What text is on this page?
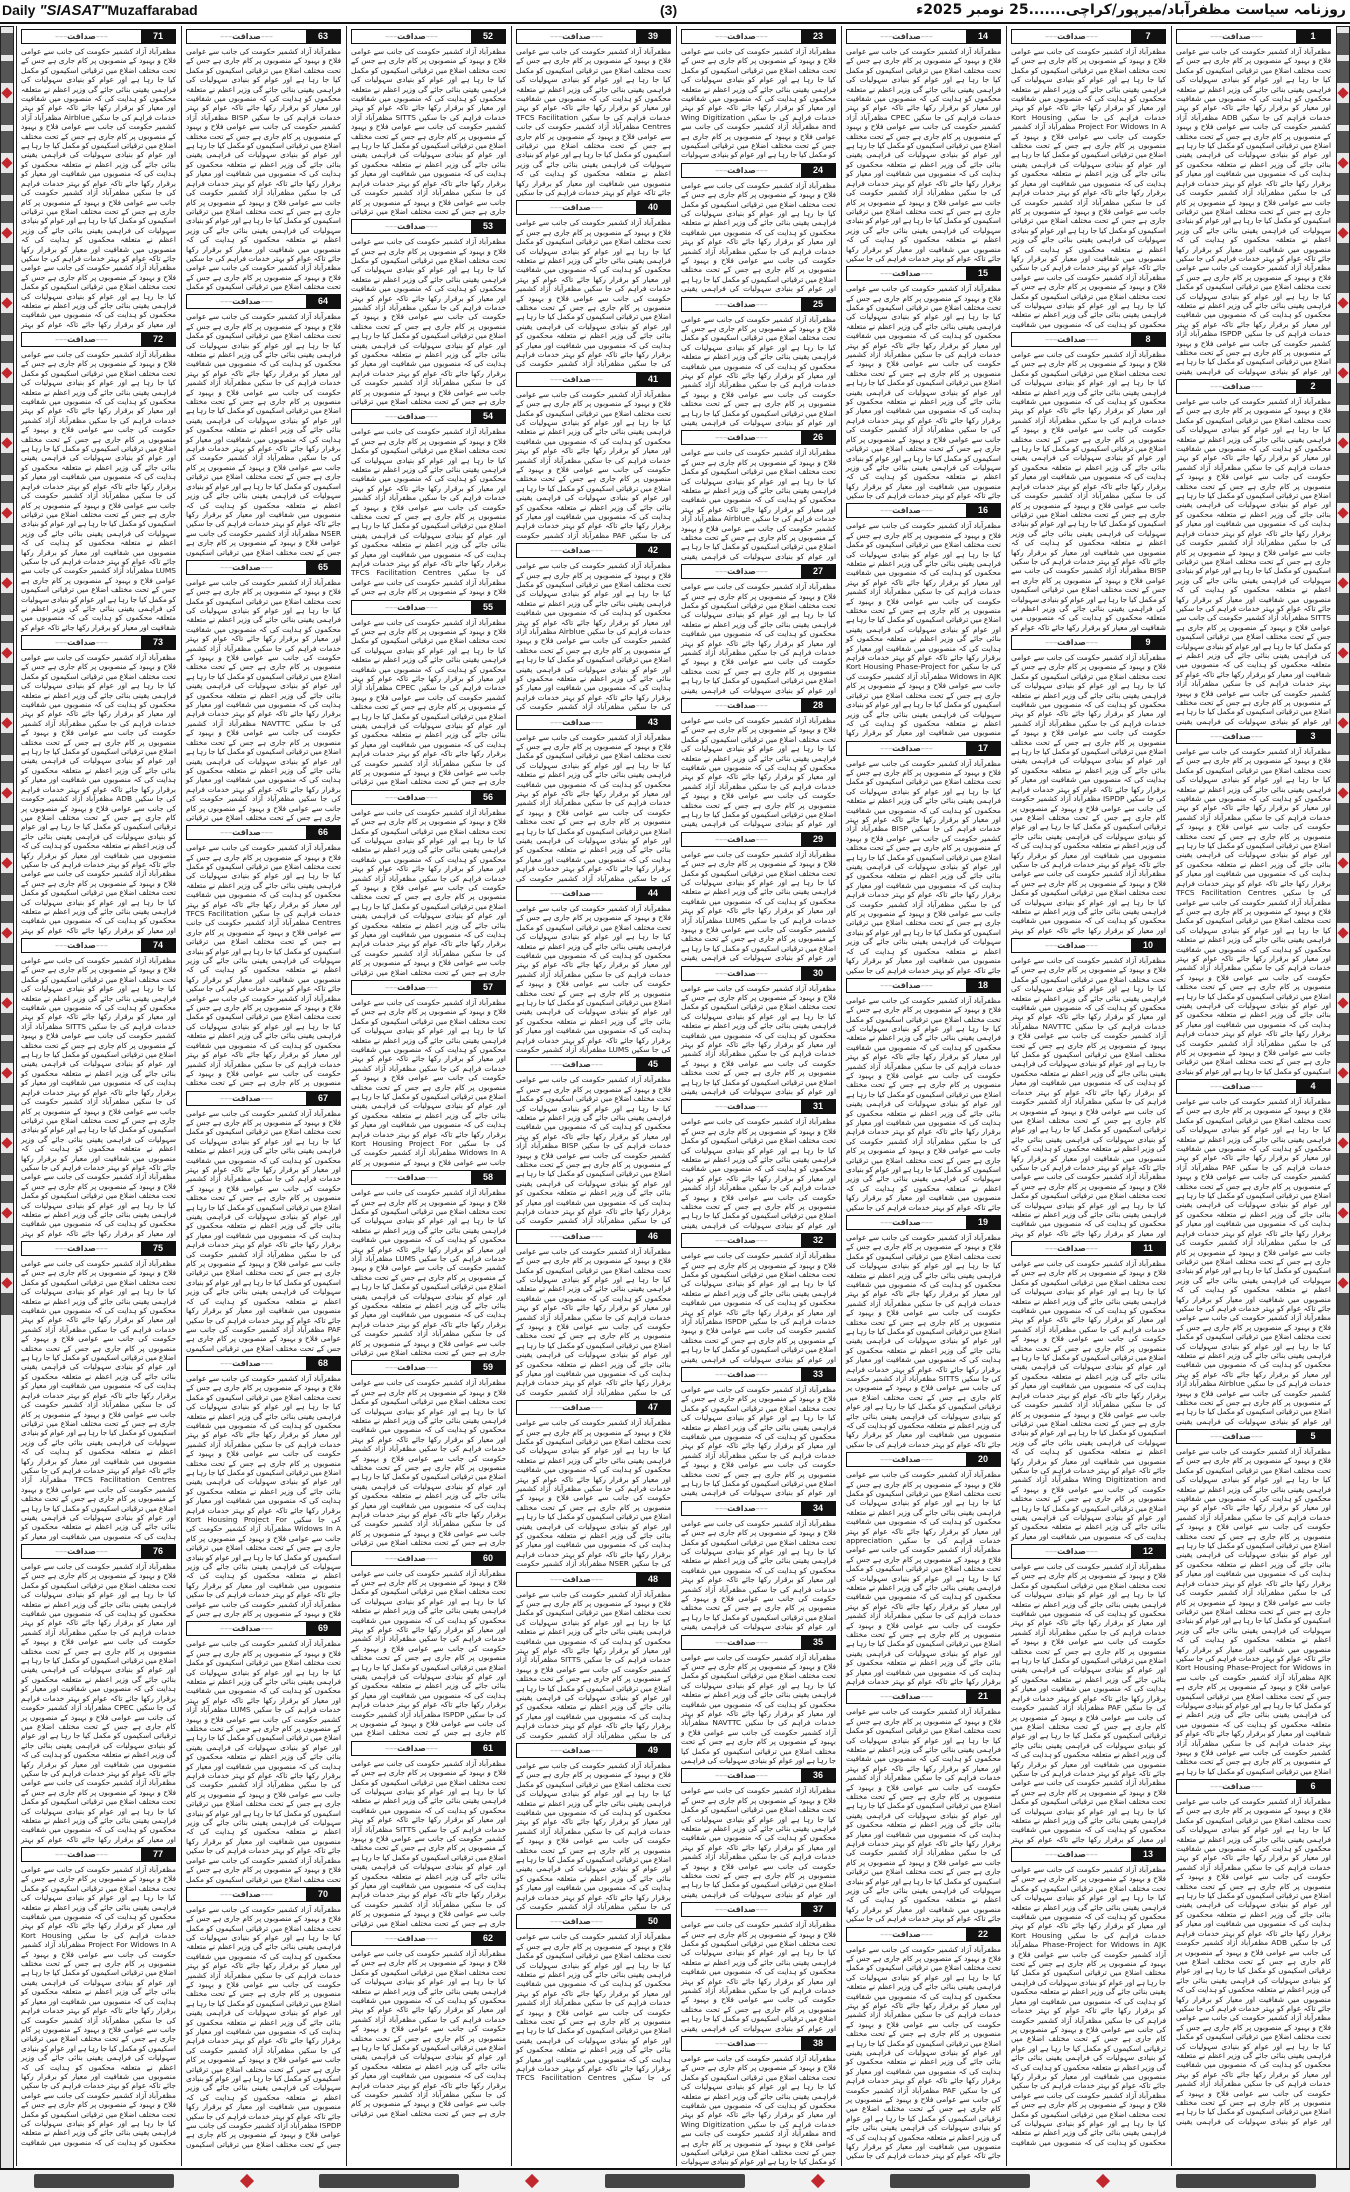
Daily "SIASAT"Muzaffarabad	(3)	روزنامہ سیاست مظفرآباد/میرپور/کراچی.......25 نومبر 2025ء
––– صداقت –––	71
مظفرآباد آزاد کشمیر حکومت کی جانب سے عوامی فلاح و بہبود کے منصوبوں پر کام جاری ہے جس کے تحت مختلف اضلاع میں ترقیاتی اسکیموں کو مکمل کیا جا رہا ہے اور عوام کو بنیادی سہولیات کی فراہمی یقینی بنائی جائے گی وزیر اعظم نے متعلقہ محکموں کو ہدایت کی کہ منصوبوں میں شفافیت اور معیار کو برقرار رکھا جائے تاکہ عوام کو بہتر خدمات فراہم کی جا سکیں Airblue مظفرآباد آزاد کشمیر حکومت کی جانب سے عوامی فلاح و بہبود کے منصوبوں پر کام جاری ہے جس کے تحت مختلف اضلاع میں ترقیاتی اسکیموں کو مکمل کیا جا رہا ہے اور عوام کو بنیادی سہولیات کی فراہمی یقینی بنائی جائے گی وزیر اعظم نے متعلقہ محکموں کو ہدایت کی کہ منصوبوں میں شفافیت اور معیار کو برقرار رکھا جائے تاکہ عوام کو بہتر خدمات فراہم کی جا سکیں مظفرآباد آزاد کشمیر حکومت کی جانب سے عوامی فلاح و بہبود کے منصوبوں پر کام جاری ہے جس کے تحت مختلف اضلاع میں ترقیاتی اسکیموں کو مکمل کیا جا رہا ہے اور عوام کو بنیادی سہولیات کی فراہمی یقینی بنائی جائے گی وزیر اعظم نے متعلقہ محکموں کو ہدایت کی کہ منصوبوں میں شفافیت اور معیار کو برقرار رکھا جائے تاکہ عوام کو بہتر خدمات فراہم کی جا سکیں مظفرآباد آزاد کشمیر حکومت کی جانب سے عوامی فلاح و بہبود کے منصوبوں پر کام جاری ہے جس کے تحت مختلف اضلاع میں ترقیاتی اسکیموں کو مکمل کیا جا رہا ہے اور عوام کو بنیادی سہولیات کی فراہمی یقینی بنائی جائے گی وزیر اعظم نے متعلقہ محکموں کو ہدایت کی کہ منصوبوں میں شفافیت اور معیار کو برقرار رکھا جائے تاکہ عوام کو بہتر
––– صداقت –––	72
مظفرآباد آزاد کشمیر حکومت کی جانب سے عوامی فلاح و بہبود کے منصوبوں پر کام جاری ہے جس کے تحت مختلف اضلاع میں ترقیاتی اسکیموں کو مکمل کیا جا رہا ہے اور عوام کو بنیادی سہولیات کی فراہمی یقینی بنائی جائے گی وزیر اعظم نے متعلقہ محکموں کو ہدایت کی کہ منصوبوں میں شفافیت اور معیار کو برقرار رکھا جائے تاکہ عوام کو بہتر خدمات فراہم کی جا سکیں مظفرآباد آزاد کشمیر حکومت کی جانب سے عوامی فلاح و بہبود کے منصوبوں پر کام جاری ہے جس کے تحت مختلف اضلاع میں ترقیاتی اسکیموں کو مکمل کیا جا رہا ہے اور عوام کو بنیادی سہولیات کی فراہمی یقینی بنائی جائے گی وزیر اعظم نے متعلقہ محکموں کو ہدایت کی کہ منصوبوں میں شفافیت اور معیار کو برقرار رکھا جائے تاکہ عوام کو بہتر خدمات فراہم کی جا سکیں مظفرآباد آزاد کشمیر حکومت کی جانب سے عوامی فلاح و بہبود کے منصوبوں پر کام جاری ہے جس کے تحت مختلف اضلاع میں ترقیاتی اسکیموں کو مکمل کیا جا رہا ہے اور عوام کو بنیادی سہولیات کی فراہمی یقینی بنائی جائے گی وزیر اعظم نے متعلقہ محکموں کو ہدایت کی کہ منصوبوں میں شفافیت اور معیار کو برقرار رکھا جائے تاکہ عوام کو بہتر خدمات فراہم کی جا سکیں LUMS مظفرآباد آزاد کشمیر حکومت کی جانب سے عوامی فلاح و بہبود کے منصوبوں پر کام جاری ہے جس کے تحت مختلف اضلاع میں ترقیاتی اسکیموں کو مکمل کیا جا رہا ہے اور عوام کو بنیادی سہولیات کی فراہمی یقینی بنائی جائے گی وزیر اعظم نے متعلقہ محکموں کو ہدایت کی کہ منصوبوں میں شفافیت اور معیار کو برقرار رکھا جائے تاکہ عوام کو
––– صداقت –––	73
مظفرآباد آزاد کشمیر حکومت کی جانب سے عوامی فلاح و بہبود کے منصوبوں پر کام جاری ہے جس کے تحت مختلف اضلاع میں ترقیاتی اسکیموں کو مکمل کیا جا رہا ہے اور عوام کو بنیادی سہولیات کی فراہمی یقینی بنائی جائے گی وزیر اعظم نے متعلقہ محکموں کو ہدایت کی کہ منصوبوں میں شفافیت اور معیار کو برقرار رکھا جائے تاکہ عوام کو بہتر خدمات فراہم کی جا سکیں مظفرآباد آزاد کشمیر حکومت کی جانب سے عوامی فلاح و بہبود کے منصوبوں پر کام جاری ہے جس کے تحت مختلف اضلاع میں ترقیاتی اسکیموں کو مکمل کیا جا رہا ہے اور عوام کو بنیادی سہولیات کی فراہمی یقینی بنائی جائے گی وزیر اعظم نے متعلقہ محکموں کو ہدایت کی کہ منصوبوں میں شفافیت اور معیار کو برقرار رکھا جائے تاکہ عوام کو بہتر خدمات فراہم کی جا سکیں ADB مظفرآباد آزاد کشمیر حکومت کی جانب سے عوامی فلاح و بہبود کے منصوبوں پر کام جاری ہے جس کے تحت مختلف اضلاع میں ترقیاتی اسکیموں کو مکمل کیا جا رہا ہے اور عوام کو بنیادی سہولیات کی فراہمی یقینی بنائی جائے گی وزیر اعظم نے متعلقہ محکموں کو ہدایت کی کہ منصوبوں میں شفافیت اور معیار کو برقرار رکھا جائے تاکہ عوام کو بہتر خدمات فراہم کی جا سکیں مظفرآباد آزاد کشمیر حکومت کی جانب سے عوامی فلاح و بہبود کے منصوبوں پر کام جاری ہے جس کے تحت مختلف اضلاع میں ترقیاتی اسکیموں کو مکمل کیا جا رہا ہے اور عوام کو بنیادی سہولیات کی فراہمی یقینی بنائی جائے گی وزیر اعظم نے متعلقہ محکموں کو ہدایت کی کہ منصوبوں میں شفافیت اور معیار کو برقرار رکھا جائے تاکہ عوام کو بہتر
––– صداقت –––	74
مظفرآباد آزاد کشمیر حکومت کی جانب سے عوامی فلاح و بہبود کے منصوبوں پر کام جاری ہے جس کے تحت مختلف اضلاع میں ترقیاتی اسکیموں کو مکمل کیا جا رہا ہے اور عوام کو بنیادی سہولیات کی فراہمی یقینی بنائی جائے گی وزیر اعظم نے متعلقہ محکموں کو ہدایت کی کہ منصوبوں میں شفافیت اور معیار کو برقرار رکھا جائے تاکہ عوام کو بہتر خدمات فراہم کی جا سکیں SITTS مظفرآباد آزاد کشمیر حکومت کی جانب سے عوامی فلاح و بہبود کے منصوبوں پر کام جاری ہے جس کے تحت مختلف اضلاع میں ترقیاتی اسکیموں کو مکمل کیا جا رہا ہے اور عوام کو بنیادی سہولیات کی فراہمی یقینی بنائی جائے گی وزیر اعظم نے متعلقہ محکموں کو ہدایت کی کہ منصوبوں میں شفافیت اور معیار کو برقرار رکھا جائے تاکہ عوام کو بہتر خدمات فراہم کی جا سکیں مظفرآباد آزاد کشمیر حکومت کی جانب سے عوامی فلاح و بہبود کے منصوبوں پر کام جاری ہے جس کے تحت مختلف اضلاع میں ترقیاتی اسکیموں کو مکمل کیا جا رہا ہے اور عوام کو بنیادی سہولیات کی فراہمی یقینی بنائی جائے گی وزیر اعظم نے متعلقہ محکموں کو ہدایت کی کہ منصوبوں میں شفافیت اور معیار کو برقرار رکھا جائے تاکہ عوام کو بہتر خدمات فراہم کی جا سکیں مظفرآباد آزاد کشمیر حکومت کی جانب سے عوامی فلاح و بہبود کے منصوبوں پر کام جاری ہے جس کے تحت مختلف اضلاع میں ترقیاتی اسکیموں کو مکمل کیا جا رہا ہے اور عوام کو بنیادی سہولیات کی فراہمی یقینی بنائی جائے گی وزیر اعظم نے متعلقہ محکموں کو ہدایت کی کہ منصوبوں میں شفافیت اور معیار کو برقرار رکھا جائے تاکہ عوام کو بہتر
––– صداقت –––	75
مظفرآباد آزاد کشمیر حکومت کی جانب سے عوامی فلاح و بہبود کے منصوبوں پر کام جاری ہے جس کے تحت مختلف اضلاع میں ترقیاتی اسکیموں کو مکمل کیا جا رہا ہے اور عوام کو بنیادی سہولیات کی فراہمی یقینی بنائی جائے گی وزیر اعظم نے متعلقہ محکموں کو ہدایت کی کہ منصوبوں میں شفافیت اور معیار کو برقرار رکھا جائے تاکہ عوام کو بہتر خدمات فراہم کی جا سکیں مظفرآباد آزاد کشمیر حکومت کی جانب سے عوامی فلاح و بہبود کے منصوبوں پر کام جاری ہے جس کے تحت مختلف اضلاع میں ترقیاتی اسکیموں کو مکمل کیا جا رہا ہے اور عوام کو بنیادی سہولیات کی فراہمی یقینی بنائی جائے گی وزیر اعظم نے متعلقہ محکموں کو ہدایت کی کہ منصوبوں میں شفافیت اور معیار کو برقرار رکھا جائے تاکہ عوام کو بہتر خدمات فراہم کی جا سکیں مظفرآباد آزاد کشمیر حکومت کی جانب سے عوامی فلاح و بہبود کے منصوبوں پر کام جاری ہے جس کے تحت مختلف اضلاع میں ترقیاتی اسکیموں کو مکمل کیا جا رہا ہے اور عوام کو بنیادی سہولیات کی فراہمی یقینی بنائی جائے گی وزیر اعظم نے متعلقہ محکموں کو ہدایت کی کہ منصوبوں میں شفافیت اور معیار کو برقرار رکھا جائے تاکہ عوام کو بہتر خدمات فراہم کی جا سکیں TFCS Facilitation Centres مظفرآباد آزاد کشمیر حکومت کی جانب سے عوامی فلاح و بہبود کے منصوبوں پر کام جاری ہے جس کے تحت مختلف اضلاع میں ترقیاتی اسکیموں کو مکمل کیا جا رہا ہے اور عوام کو بنیادی سہولیات کی فراہمی یقینی بنائی جائے گی وزیر اعظم نے متعلقہ محکموں کو ہدایت کی کہ منصوبوں میں شفافیت اور معیار کو
––– صداقت –––	76
مظفرآباد آزاد کشمیر حکومت کی جانب سے عوامی فلاح و بہبود کے منصوبوں پر کام جاری ہے جس کے تحت مختلف اضلاع میں ترقیاتی اسکیموں کو مکمل کیا جا رہا ہے اور عوام کو بنیادی سہولیات کی فراہمی یقینی بنائی جائے گی وزیر اعظم نے متعلقہ محکموں کو ہدایت کی کہ منصوبوں میں شفافیت اور معیار کو برقرار رکھا جائے تاکہ عوام کو بہتر خدمات فراہم کی جا سکیں مظفرآباد آزاد کشمیر حکومت کی جانب سے عوامی فلاح و بہبود کے منصوبوں پر کام جاری ہے جس کے تحت مختلف اضلاع میں ترقیاتی اسکیموں کو مکمل کیا جا رہا ہے اور عوام کو بنیادی سہولیات کی فراہمی یقینی بنائی جائے گی وزیر اعظم نے متعلقہ محکموں کو ہدایت کی کہ منصوبوں میں شفافیت اور معیار کو برقرار رکھا جائے تاکہ عوام کو بہتر خدمات فراہم کی جا سکیں CPEC مظفرآباد آزاد کشمیر حکومت کی جانب سے عوامی فلاح و بہبود کے منصوبوں پر کام جاری ہے جس کے تحت مختلف اضلاع میں ترقیاتی اسکیموں کو مکمل کیا جا رہا ہے اور عوام کو بنیادی سہولیات کی فراہمی یقینی بنائی جائے گی وزیر اعظم نے متعلقہ محکموں کو ہدایت کی کہ منصوبوں میں شفافیت اور معیار کو برقرار رکھا جائے تاکہ عوام کو بہتر خدمات فراہم کی جا سکیں مظفرآباد آزاد کشمیر حکومت کی جانب سے عوامی فلاح و بہبود کے منصوبوں پر کام جاری ہے جس کے تحت مختلف اضلاع میں ترقیاتی اسکیموں کو مکمل کیا جا رہا ہے اور عوام کو بنیادی سہولیات کی فراہمی یقینی بنائی جائے گی وزیر اعظم نے متعلقہ محکموں کو ہدایت کی کہ منصوبوں میں شفافیت اور معیار کو برقرار رکھا جائے تاکہ عوام کو بہتر
––– صداقت –––	77
مظفرآباد آزاد کشمیر حکومت کی جانب سے عوامی فلاح و بہبود کے منصوبوں پر کام جاری ہے جس کے تحت مختلف اضلاع میں ترقیاتی اسکیموں کو مکمل کیا جا رہا ہے اور عوام کو بنیادی سہولیات کی فراہمی یقینی بنائی جائے گی وزیر اعظم نے متعلقہ محکموں کو ہدایت کی کہ منصوبوں میں شفافیت اور معیار کو برقرار رکھا جائے تاکہ عوام کو بہتر خدمات فراہم کی جا سکیں Kort Housing Project For Widows In A مظفرآباد آزاد کشمیر حکومت کی جانب سے عوامی فلاح و بہبود کے منصوبوں پر کام جاری ہے جس کے تحت مختلف اضلاع میں ترقیاتی اسکیموں کو مکمل کیا جا رہا ہے اور عوام کو بنیادی سہولیات کی فراہمی یقینی بنائی جائے گی وزیر اعظم نے متعلقہ محکموں کو ہدایت کی کہ منصوبوں میں شفافیت اور معیار کو برقرار رکھا جائے تاکہ عوام کو بہتر خدمات فراہم کی جا سکیں مظفرآباد آزاد کشمیر حکومت کی جانب سے عوامی فلاح و بہبود کے منصوبوں پر کام جاری ہے جس کے تحت مختلف اضلاع میں ترقیاتی اسکیموں کو مکمل کیا جا رہا ہے اور عوام کو بنیادی سہولیات کی فراہمی یقینی بنائی جائے گی وزیر اعظم نے متعلقہ محکموں کو ہدایت کی کہ منصوبوں میں شفافیت اور معیار کو برقرار رکھا جائے تاکہ عوام کو بہتر خدمات فراہم کی جا سکیں مظفرآباد آزاد کشمیر حکومت کی جانب سے عوامی فلاح و بہبود کے منصوبوں پر کام جاری ہے جس کے تحت مختلف اضلاع میں ترقیاتی اسکیموں کو مکمل کیا جا رہا ہے اور عوام کو بنیادی سہولیات کی فراہمی یقینی بنائی جائے گی وزیر اعظم نے متعلقہ محکموں کو ہدایت کی کہ منصوبوں میں شفافیت
––– صداقت –––	63
مظفرآباد آزاد کشمیر حکومت کی جانب سے عوامی فلاح و بہبود کے منصوبوں پر کام جاری ہے جس کے تحت مختلف اضلاع میں ترقیاتی اسکیموں کو مکمل کیا جا رہا ہے اور عوام کو بنیادی سہولیات کی فراہمی یقینی بنائی جائے گی وزیر اعظم نے متعلقہ محکموں کو ہدایت کی کہ منصوبوں میں شفافیت اور معیار کو برقرار رکھا جائے تاکہ عوام کو بہتر خدمات فراہم کی جا سکیں BISP مظفرآباد آزاد کشمیر حکومت کی جانب سے عوامی فلاح و بہبود کے منصوبوں پر کام جاری ہے جس کے تحت مختلف اضلاع میں ترقیاتی اسکیموں کو مکمل کیا جا رہا ہے اور عوام کو بنیادی سہولیات کی فراہمی یقینی بنائی جائے گی وزیر اعظم نے متعلقہ محکموں کو ہدایت کی کہ منصوبوں میں شفافیت اور معیار کو برقرار رکھا جائے تاکہ عوام کو بہتر خدمات فراہم کی جا سکیں مظفرآباد آزاد کشمیر حکومت کی جانب سے عوامی فلاح و بہبود کے منصوبوں پر کام جاری ہے جس کے تحت مختلف اضلاع میں ترقیاتی اسکیموں کو مکمل کیا جا رہا ہے اور عوام کو بنیادی سہولیات کی فراہمی یقینی بنائی جائے گی وزیر اعظم نے متعلقہ محکموں کو ہدایت کی کہ منصوبوں میں شفافیت اور معیار کو برقرار رکھا جائے تاکہ عوام کو بہتر خدمات فراہم کی جا سکیں مظفرآباد آزاد کشمیر حکومت کی جانب سے عوامی فلاح و بہبود کے منصوبوں پر کام جاری ہے جس کے تحت مختلف اضلاع میں ترقیاتی اسکیموں کو مکمل
––– صداقت –––	64
مظفرآباد آزاد کشمیر حکومت کی جانب سے عوامی فلاح و بہبود کے منصوبوں پر کام جاری ہے جس کے تحت مختلف اضلاع میں ترقیاتی اسکیموں کو مکمل کیا جا رہا ہے اور عوام کو بنیادی سہولیات کی فراہمی یقینی بنائی جائے گی وزیر اعظم نے متعلقہ محکموں کو ہدایت کی کہ منصوبوں میں شفافیت اور معیار کو برقرار رکھا جائے تاکہ عوام کو بہتر خدمات فراہم کی جا سکیں مظفرآباد آزاد کشمیر حکومت کی جانب سے عوامی فلاح و بہبود کے منصوبوں پر کام جاری ہے جس کے تحت مختلف اضلاع میں ترقیاتی اسکیموں کو مکمل کیا جا رہا ہے اور عوام کو بنیادی سہولیات کی فراہمی یقینی بنائی جائے گی وزیر اعظم نے متعلقہ محکموں کو ہدایت کی کہ منصوبوں میں شفافیت اور معیار کو برقرار رکھا جائے تاکہ عوام کو بہتر خدمات فراہم کی جا سکیں مظفرآباد آزاد کشمیر حکومت کی جانب سے عوامی فلاح و بہبود کے منصوبوں پر کام جاری ہے جس کے تحت مختلف اضلاع میں ترقیاتی اسکیموں کو مکمل کیا جا رہا ہے اور عوام کو بنیادی سہولیات کی فراہمی یقینی بنائی جائے گی وزیر اعظم نے متعلقہ محکموں کو ہدایت کی کہ منصوبوں میں شفافیت اور معیار کو برقرار رکھا جائے تاکہ عوام کو بہتر خدمات فراہم کی جا سکیں NSER مظفرآباد آزاد کشمیر حکومت کی جانب سے عوامی فلاح و بہبود کے منصوبوں پر کام جاری ہے جس کے تحت مختلف اضلاع میں ترقیاتی اسکیموں
––– صداقت –––	65
مظفرآباد آزاد کشمیر حکومت کی جانب سے عوامی فلاح و بہبود کے منصوبوں پر کام جاری ہے جس کے تحت مختلف اضلاع میں ترقیاتی اسکیموں کو مکمل کیا جا رہا ہے اور عوام کو بنیادی سہولیات کی فراہمی یقینی بنائی جائے گی وزیر اعظم نے متعلقہ محکموں کو ہدایت کی کہ منصوبوں میں شفافیت اور معیار کو برقرار رکھا جائے تاکہ عوام کو بہتر خدمات فراہم کی جا سکیں مظفرآباد آزاد کشمیر حکومت کی جانب سے عوامی فلاح و بہبود کے منصوبوں پر کام جاری ہے جس کے تحت مختلف اضلاع میں ترقیاتی اسکیموں کو مکمل کیا جا رہا ہے اور عوام کو بنیادی سہولیات کی فراہمی یقینی بنائی جائے گی وزیر اعظم نے متعلقہ محکموں کو ہدایت کی کہ منصوبوں میں شفافیت اور معیار کو برقرار رکھا جائے تاکہ عوام کو بہتر خدمات فراہم کی جا سکیں NAVTTC مظفرآباد آزاد کشمیر حکومت کی جانب سے عوامی فلاح و بہبود کے منصوبوں پر کام جاری ہے جس کے تحت مختلف اضلاع میں ترقیاتی اسکیموں کو مکمل کیا جا رہا ہے اور عوام کو بنیادی سہولیات کی فراہمی یقینی بنائی جائے گی وزیر اعظم نے متعلقہ محکموں کو ہدایت کی کہ منصوبوں میں شفافیت اور معیار کو برقرار رکھا جائے تاکہ عوام کو بہتر خدمات فراہم کی جا سکیں مظفرآباد آزاد کشمیر حکومت کی جانب سے عوامی فلاح و بہبود کے منصوبوں پر کام جاری ہے جس کے تحت مختلف اضلاع میں ترقیاتی
––– صداقت –––	66
مظفرآباد آزاد کشمیر حکومت کی جانب سے عوامی فلاح و بہبود کے منصوبوں پر کام جاری ہے جس کے تحت مختلف اضلاع میں ترقیاتی اسکیموں کو مکمل کیا جا رہا ہے اور عوام کو بنیادی سہولیات کی فراہمی یقینی بنائی جائے گی وزیر اعظم نے متعلقہ محکموں کو ہدایت کی کہ منصوبوں میں شفافیت اور معیار کو برقرار رکھا جائے تاکہ عوام کو بہتر خدمات فراہم کی جا سکیں TFCS Facilitation Centres مظفرآباد آزاد کشمیر حکومت کی جانب سے عوامی فلاح و بہبود کے منصوبوں پر کام جاری ہے جس کے تحت مختلف اضلاع میں ترقیاتی اسکیموں کو مکمل کیا جا رہا ہے اور عوام کو بنیادی سہولیات کی فراہمی یقینی بنائی جائے گی وزیر اعظم نے متعلقہ محکموں کو ہدایت کی کہ منصوبوں میں شفافیت اور معیار کو برقرار رکھا جائے تاکہ عوام کو بہتر خدمات فراہم کی جا سکیں مظفرآباد آزاد کشمیر حکومت کی جانب سے عوامی فلاح و بہبود کے منصوبوں پر کام جاری ہے جس کے تحت مختلف اضلاع میں ترقیاتی اسکیموں کو مکمل کیا جا رہا ہے اور عوام کو بنیادی سہولیات کی فراہمی یقینی بنائی جائے گی وزیر اعظم نے متعلقہ محکموں کو ہدایت کی کہ منصوبوں میں شفافیت اور معیار کو برقرار رکھا جائے تاکہ عوام کو بہتر خدمات فراہم کی جا سکیں مظفرآباد آزاد کشمیر حکومت کی جانب سے عوامی فلاح و بہبود کے منصوبوں پر کام جاری ہے جس کے تحت مختلف
––– صداقت –––	67
مظفرآباد آزاد کشمیر حکومت کی جانب سے عوامی فلاح و بہبود کے منصوبوں پر کام جاری ہے جس کے تحت مختلف اضلاع میں ترقیاتی اسکیموں کو مکمل کیا جا رہا ہے اور عوام کو بنیادی سہولیات کی فراہمی یقینی بنائی جائے گی وزیر اعظم نے متعلقہ محکموں کو ہدایت کی کہ منصوبوں میں شفافیت اور معیار کو برقرار رکھا جائے تاکہ عوام کو بہتر خدمات فراہم کی جا سکیں مظفرآباد آزاد کشمیر حکومت کی جانب سے عوامی فلاح و بہبود کے منصوبوں پر کام جاری ہے جس کے تحت مختلف اضلاع میں ترقیاتی اسکیموں کو مکمل کیا جا رہا ہے اور عوام کو بنیادی سہولیات کی فراہمی یقینی بنائی جائے گی وزیر اعظم نے متعلقہ محکموں کو ہدایت کی کہ منصوبوں میں شفافیت اور معیار کو برقرار رکھا جائے تاکہ عوام کو بہتر خدمات فراہم کی جا سکیں مظفرآباد آزاد کشمیر حکومت کی جانب سے عوامی فلاح و بہبود کے منصوبوں پر کام جاری ہے جس کے تحت مختلف اضلاع میں ترقیاتی اسکیموں کو مکمل کیا جا رہا ہے اور عوام کو بنیادی سہولیات کی فراہمی یقینی بنائی جائے گی وزیر اعظم نے متعلقہ محکموں کو ہدایت کی کہ منصوبوں میں شفافیت اور معیار کو برقرار رکھا جائے تاکہ عوام کو بہتر خدمات فراہم کی جا سکیں PAF مظفرآباد آزاد کشمیر حکومت کی جانب سے عوامی فلاح و بہبود کے منصوبوں پر کام جاری ہے جس کے تحت مختلف اضلاع میں ترقیاتی اسکیموں
––– صداقت –––	68
مظفرآباد آزاد کشمیر حکومت کی جانب سے عوامی فلاح و بہبود کے منصوبوں پر کام جاری ہے جس کے تحت مختلف اضلاع میں ترقیاتی اسکیموں کو مکمل کیا جا رہا ہے اور عوام کو بنیادی سہولیات کی فراہمی یقینی بنائی جائے گی وزیر اعظم نے متعلقہ محکموں کو ہدایت کی کہ منصوبوں میں شفافیت اور معیار کو برقرار رکھا جائے تاکہ عوام کو بہتر خدمات فراہم کی جا سکیں مظفرآباد آزاد کشمیر حکومت کی جانب سے عوامی فلاح و بہبود کے منصوبوں پر کام جاری ہے جس کے تحت مختلف اضلاع میں ترقیاتی اسکیموں کو مکمل کیا جا رہا ہے اور عوام کو بنیادی سہولیات کی فراہمی یقینی بنائی جائے گی وزیر اعظم نے متعلقہ محکموں کو ہدایت کی کہ منصوبوں میں شفافیت اور معیار کو برقرار رکھا جائے تاکہ عوام کو بہتر خدمات فراہم کی جا سکیں Kort Housing Project For Widows In A مظفرآباد آزاد کشمیر حکومت کی جانب سے عوامی فلاح و بہبود کے منصوبوں پر کام جاری ہے جس کے تحت مختلف اضلاع میں ترقیاتی اسکیموں کو مکمل کیا جا رہا ہے اور عوام کو بنیادی سہولیات کی فراہمی یقینی بنائی جائے گی وزیر اعظم نے متعلقہ محکموں کو ہدایت کی کہ منصوبوں میں شفافیت اور معیار کو برقرار رکھا جائے تاکہ عوام کو بہتر خدمات فراہم کی جا سکیں مظفرآباد آزاد کشمیر حکومت کی جانب سے عوامی فلاح و بہبود کے منصوبوں پر کام جاری ہے جس کے
––– صداقت –––	69
مظفرآباد آزاد کشمیر حکومت کی جانب سے عوامی فلاح و بہبود کے منصوبوں پر کام جاری ہے جس کے تحت مختلف اضلاع میں ترقیاتی اسکیموں کو مکمل کیا جا رہا ہے اور عوام کو بنیادی سہولیات کی فراہمی یقینی بنائی جائے گی وزیر اعظم نے متعلقہ محکموں کو ہدایت کی کہ منصوبوں میں شفافیت اور معیار کو برقرار رکھا جائے تاکہ عوام کو بہتر خدمات فراہم کی جا سکیں LUMS مظفرآباد آزاد کشمیر حکومت کی جانب سے عوامی فلاح و بہبود کے منصوبوں پر کام جاری ہے جس کے تحت مختلف اضلاع میں ترقیاتی اسکیموں کو مکمل کیا جا رہا ہے اور عوام کو بنیادی سہولیات کی فراہمی یقینی بنائی جائے گی وزیر اعظم نے متعلقہ محکموں کو ہدایت کی کہ منصوبوں میں شفافیت اور معیار کو برقرار رکھا جائے تاکہ عوام کو بہتر خدمات فراہم کی جا سکیں مظفرآباد آزاد کشمیر حکومت کی جانب سے عوامی فلاح و بہبود کے منصوبوں پر کام جاری ہے جس کے تحت مختلف اضلاع میں ترقیاتی اسکیموں کو مکمل کیا جا رہا ہے اور عوام کو بنیادی سہولیات کی فراہمی یقینی بنائی جائے گی وزیر اعظم نے متعلقہ محکموں کو ہدایت کی کہ منصوبوں میں شفافیت اور معیار کو برقرار رکھا جائے تاکہ عوام کو بہتر خدمات فراہم کی جا سکیں مظفرآباد آزاد کشمیر حکومت کی جانب سے عوامی فلاح و بہبود کے منصوبوں پر کام جاری ہے جس کے تحت مختلف اضلاع میں ترقیاتی اسکیموں کو مکمل
––– صداقت –––	70
مظفرآباد آزاد کشمیر حکومت کی جانب سے عوامی فلاح و بہبود کے منصوبوں پر کام جاری ہے جس کے تحت مختلف اضلاع میں ترقیاتی اسکیموں کو مکمل کیا جا رہا ہے اور عوام کو بنیادی سہولیات کی فراہمی یقینی بنائی جائے گی وزیر اعظم نے متعلقہ محکموں کو ہدایت کی کہ منصوبوں میں شفافیت اور معیار کو برقرار رکھا جائے تاکہ عوام کو بہتر خدمات فراہم کی جا سکیں مظفرآباد آزاد کشمیر حکومت کی جانب سے عوامی فلاح و بہبود کے منصوبوں پر کام جاری ہے جس کے تحت مختلف اضلاع میں ترقیاتی اسکیموں کو مکمل کیا جا رہا ہے اور عوام کو بنیادی سہولیات کی فراہمی یقینی بنائی جائے گی وزیر اعظم نے متعلقہ محکموں کو ہدایت کی کہ منصوبوں میں شفافیت اور معیار کو برقرار رکھا جائے تاکہ عوام کو بہتر خدمات فراہم کی جا سکیں مظفرآباد آزاد کشمیر حکومت کی جانب سے عوامی فلاح و بہبود کے منصوبوں پر کام جاری ہے جس کے تحت مختلف اضلاع میں ترقیاتی اسکیموں کو مکمل کیا جا رہا ہے اور عوام کو بنیادی سہولیات کی فراہمی یقینی بنائی جائے گی وزیر اعظم نے متعلقہ محکموں کو ہدایت کی کہ منصوبوں میں شفافیت اور معیار کو برقرار رکھا جائے تاکہ عوام کو بہتر خدمات فراہم کی جا سکیں ISPDP مظفرآباد آزاد کشمیر حکومت کی جانب سے عوامی فلاح و بہبود کے منصوبوں پر کام جاری ہے جس کے تحت مختلف اضلاع میں ترقیاتی اسکیموں
––– صداقت –––	52
مظفرآباد آزاد کشمیر حکومت کی جانب سے عوامی فلاح و بہبود کے منصوبوں پر کام جاری ہے جس کے تحت مختلف اضلاع میں ترقیاتی اسکیموں کو مکمل کیا جا رہا ہے اور عوام کو بنیادی سہولیات کی فراہمی یقینی بنائی جائے گی وزیر اعظم نے متعلقہ محکموں کو ہدایت کی کہ منصوبوں میں شفافیت اور معیار کو برقرار رکھا جائے تاکہ عوام کو بہتر خدمات فراہم کی جا سکیں SITTS مظفرآباد آزاد کشمیر حکومت کی جانب سے عوامی فلاح و بہبود کے منصوبوں پر کام جاری ہے جس کے تحت مختلف اضلاع میں ترقیاتی اسکیموں کو مکمل کیا جا رہا ہے اور عوام کو بنیادی سہولیات کی فراہمی یقینی بنائی جائے گی وزیر اعظم نے متعلقہ محکموں کو ہدایت کی کہ منصوبوں میں شفافیت اور معیار کو برقرار رکھا جائے تاکہ عوام کو بہتر خدمات فراہم کی جا سکیں مظفرآباد آزاد کشمیر حکومت کی جانب سے عوامی فلاح و بہبود کے منصوبوں پر کام جاری ہے جس کے تحت مختلف اضلاع میں ترقیاتی
––– صداقت –––	53
مظفرآباد آزاد کشمیر حکومت کی جانب سے عوامی فلاح و بہبود کے منصوبوں پر کام جاری ہے جس کے تحت مختلف اضلاع میں ترقیاتی اسکیموں کو مکمل کیا جا رہا ہے اور عوام کو بنیادی سہولیات کی فراہمی یقینی بنائی جائے گی وزیر اعظم نے متعلقہ محکموں کو ہدایت کی کہ منصوبوں میں شفافیت اور معیار کو برقرار رکھا جائے تاکہ عوام کو بہتر خدمات فراہم کی جا سکیں مظفرآباد آزاد کشمیر حکومت کی جانب سے عوامی فلاح و بہبود کے منصوبوں پر کام جاری ہے جس کے تحت مختلف اضلاع میں ترقیاتی اسکیموں کو مکمل کیا جا رہا ہے اور عوام کو بنیادی سہولیات کی فراہمی یقینی بنائی جائے گی وزیر اعظم نے متعلقہ محکموں کو ہدایت کی کہ منصوبوں میں شفافیت اور معیار کو برقرار رکھا جائے تاکہ عوام کو بہتر خدمات فراہم کی جا سکیں مظفرآباد آزاد کشمیر حکومت کی جانب سے عوامی فلاح و بہبود کے منصوبوں پر کام جاری ہے جس کے تحت مختلف اضلاع میں ترقیاتی
––– صداقت –––	54
مظفرآباد آزاد کشمیر حکومت کی جانب سے عوامی فلاح و بہبود کے منصوبوں پر کام جاری ہے جس کے تحت مختلف اضلاع میں ترقیاتی اسکیموں کو مکمل کیا جا رہا ہے اور عوام کو بنیادی سہولیات کی فراہمی یقینی بنائی جائے گی وزیر اعظم نے متعلقہ محکموں کو ہدایت کی کہ منصوبوں میں شفافیت اور معیار کو برقرار رکھا جائے تاکہ عوام کو بہتر خدمات فراہم کی جا سکیں مظفرآباد آزاد کشمیر حکومت کی جانب سے عوامی فلاح و بہبود کے منصوبوں پر کام جاری ہے جس کے تحت مختلف اضلاع میں ترقیاتی اسکیموں کو مکمل کیا جا رہا ہے اور عوام کو بنیادی سہولیات کی فراہمی یقینی بنائی جائے گی وزیر اعظم نے متعلقہ محکموں کو ہدایت کی کہ منصوبوں میں شفافیت اور معیار کو برقرار رکھا جائے تاکہ عوام کو بہتر خدمات فراہم کی جا سکیں TFCS Facilitation Centres مظفرآباد آزاد کشمیر حکومت کی جانب سے عوامی فلاح و بہبود کے منصوبوں پر کام جاری ہے جس کے
––– صداقت –––	55
مظفرآباد آزاد کشمیر حکومت کی جانب سے عوامی فلاح و بہبود کے منصوبوں پر کام جاری ہے جس کے تحت مختلف اضلاع میں ترقیاتی اسکیموں کو مکمل کیا جا رہا ہے اور عوام کو بنیادی سہولیات کی فراہمی یقینی بنائی جائے گی وزیر اعظم نے متعلقہ محکموں کو ہدایت کی کہ منصوبوں میں شفافیت اور معیار کو برقرار رکھا جائے تاکہ عوام کو بہتر خدمات فراہم کی جا سکیں CPEC مظفرآباد آزاد کشمیر حکومت کی جانب سے عوامی فلاح و بہبود کے منصوبوں پر کام جاری ہے جس کے تحت مختلف اضلاع میں ترقیاتی اسکیموں کو مکمل کیا جا رہا ہے اور عوام کو بنیادی سہولیات کی فراہمی یقینی بنائی جائے گی وزیر اعظم نے متعلقہ محکموں کو ہدایت کی کہ منصوبوں میں شفافیت اور معیار کو برقرار رکھا جائے تاکہ عوام کو بہتر خدمات فراہم کی جا سکیں مظفرآباد آزاد کشمیر حکومت کی جانب سے عوامی فلاح و بہبود کے منصوبوں پر کام جاری ہے جس کے تحت مختلف اضلاع میں ترقیاتی
––– صداقت –––	56
مظفرآباد آزاد کشمیر حکومت کی جانب سے عوامی فلاح و بہبود کے منصوبوں پر کام جاری ہے جس کے تحت مختلف اضلاع میں ترقیاتی اسکیموں کو مکمل کیا جا رہا ہے اور عوام کو بنیادی سہولیات کی فراہمی یقینی بنائی جائے گی وزیر اعظم نے متعلقہ محکموں کو ہدایت کی کہ منصوبوں میں شفافیت اور معیار کو برقرار رکھا جائے تاکہ عوام کو بہتر خدمات فراہم کی جا سکیں مظفرآباد آزاد کشمیر حکومت کی جانب سے عوامی فلاح و بہبود کے منصوبوں پر کام جاری ہے جس کے تحت مختلف اضلاع میں ترقیاتی اسکیموں کو مکمل کیا جا رہا ہے اور عوام کو بنیادی سہولیات کی فراہمی یقینی بنائی جائے گی وزیر اعظم نے متعلقہ محکموں کو ہدایت کی کہ منصوبوں میں شفافیت اور معیار کو برقرار رکھا جائے تاکہ عوام کو بہتر خدمات فراہم کی جا سکیں مظفرآباد آزاد کشمیر حکومت کی جانب سے عوامی فلاح و بہبود کے منصوبوں پر کام جاری ہے جس کے تحت مختلف اضلاع میں ترقیاتی
––– صداقت –––	57
مظفرآباد آزاد کشمیر حکومت کی جانب سے عوامی فلاح و بہبود کے منصوبوں پر کام جاری ہے جس کے تحت مختلف اضلاع میں ترقیاتی اسکیموں کو مکمل کیا جا رہا ہے اور عوام کو بنیادی سہولیات کی فراہمی یقینی بنائی جائے گی وزیر اعظم نے متعلقہ محکموں کو ہدایت کی کہ منصوبوں میں شفافیت اور معیار کو برقرار رکھا جائے تاکہ عوام کو بہتر خدمات فراہم کی جا سکیں مظفرآباد آزاد کشمیر حکومت کی جانب سے عوامی فلاح و بہبود کے منصوبوں پر کام جاری ہے جس کے تحت مختلف اضلاع میں ترقیاتی اسکیموں کو مکمل کیا جا رہا ہے اور عوام کو بنیادی سہولیات کی فراہمی یقینی بنائی جائے گی وزیر اعظم نے متعلقہ محکموں کو ہدایت کی کہ منصوبوں میں شفافیت اور معیار کو برقرار رکھا جائے تاکہ عوام کو بہتر خدمات فراہم کی جا سکیں Kort Housing Project For Widows In A مظفرآباد آزاد کشمیر حکومت کی جانب سے عوامی فلاح و بہبود کے منصوبوں پر کام
––– صداقت –––	58
مظفرآباد آزاد کشمیر حکومت کی جانب سے عوامی فلاح و بہبود کے منصوبوں پر کام جاری ہے جس کے تحت مختلف اضلاع میں ترقیاتی اسکیموں کو مکمل کیا جا رہا ہے اور عوام کو بنیادی سہولیات کی فراہمی یقینی بنائی جائے گی وزیر اعظم نے متعلقہ محکموں کو ہدایت کی کہ منصوبوں میں شفافیت اور معیار کو برقرار رکھا جائے تاکہ عوام کو بہتر خدمات فراہم کی جا سکیں LUMS مظفرآباد آزاد کشمیر حکومت کی جانب سے عوامی فلاح و بہبود کے منصوبوں پر کام جاری ہے جس کے تحت مختلف اضلاع میں ترقیاتی اسکیموں کو مکمل کیا جا رہا ہے اور عوام کو بنیادی سہولیات کی فراہمی یقینی بنائی جائے گی وزیر اعظم نے متعلقہ محکموں کو ہدایت کی کہ منصوبوں میں شفافیت اور معیار کو برقرار رکھا جائے تاکہ عوام کو بہتر خدمات فراہم کی جا سکیں مظفرآباد آزاد کشمیر حکومت کی جانب سے عوامی فلاح و بہبود کے منصوبوں پر کام جاری ہے جس کے تحت مختلف اضلاع میں ترقیاتی
––– صداقت –––	59
مظفرآباد آزاد کشمیر حکومت کی جانب سے عوامی فلاح و بہبود کے منصوبوں پر کام جاری ہے جس کے تحت مختلف اضلاع میں ترقیاتی اسکیموں کو مکمل کیا جا رہا ہے اور عوام کو بنیادی سہولیات کی فراہمی یقینی بنائی جائے گی وزیر اعظم نے متعلقہ محکموں کو ہدایت کی کہ منصوبوں میں شفافیت اور معیار کو برقرار رکھا جائے تاکہ عوام کو بہتر خدمات فراہم کی جا سکیں مظفرآباد آزاد کشمیر حکومت کی جانب سے عوامی فلاح و بہبود کے منصوبوں پر کام جاری ہے جس کے تحت مختلف اضلاع میں ترقیاتی اسکیموں کو مکمل کیا جا رہا ہے اور عوام کو بنیادی سہولیات کی فراہمی یقینی بنائی جائے گی وزیر اعظم نے متعلقہ محکموں کو ہدایت کی کہ منصوبوں میں شفافیت اور معیار کو برقرار رکھا جائے تاکہ عوام کو بہتر خدمات فراہم کی جا سکیں مظفرآباد آزاد کشمیر حکومت کی جانب سے عوامی فلاح و بہبود کے منصوبوں پر کام جاری ہے جس کے تحت مختلف اضلاع میں ترقیاتی
––– صداقت –––	60
مظفرآباد آزاد کشمیر حکومت کی جانب سے عوامی فلاح و بہبود کے منصوبوں پر کام جاری ہے جس کے تحت مختلف اضلاع میں ترقیاتی اسکیموں کو مکمل کیا جا رہا ہے اور عوام کو بنیادی سہولیات کی فراہمی یقینی بنائی جائے گی وزیر اعظم نے متعلقہ محکموں کو ہدایت کی کہ منصوبوں میں شفافیت اور معیار کو برقرار رکھا جائے تاکہ عوام کو بہتر خدمات فراہم کی جا سکیں مظفرآباد آزاد کشمیر حکومت کی جانب سے عوامی فلاح و بہبود کے منصوبوں پر کام جاری ہے جس کے تحت مختلف اضلاع میں ترقیاتی اسکیموں کو مکمل کیا جا رہا ہے اور عوام کو بنیادی سہولیات کی فراہمی یقینی بنائی جائے گی وزیر اعظم نے متعلقہ محکموں کو ہدایت کی کہ منصوبوں میں شفافیت اور معیار کو برقرار رکھا جائے تاکہ عوام کو بہتر خدمات فراہم کی جا سکیں ISPDP مظفرآباد آزاد کشمیر حکومت کی جانب سے عوامی فلاح و بہبود کے منصوبوں پر کام جاری ہے جس کے تحت مختلف اضلاع میں
––– صداقت –––	61
مظفرآباد آزاد کشمیر حکومت کی جانب سے عوامی فلاح و بہبود کے منصوبوں پر کام جاری ہے جس کے تحت مختلف اضلاع میں ترقیاتی اسکیموں کو مکمل کیا جا رہا ہے اور عوام کو بنیادی سہولیات کی فراہمی یقینی بنائی جائے گی وزیر اعظم نے متعلقہ محکموں کو ہدایت کی کہ منصوبوں میں شفافیت اور معیار کو برقرار رکھا جائے تاکہ عوام کو بہتر خدمات فراہم کی جا سکیں SITTS مظفرآباد آزاد کشمیر حکومت کی جانب سے عوامی فلاح و بہبود کے منصوبوں پر کام جاری ہے جس کے تحت مختلف اضلاع میں ترقیاتی اسکیموں کو مکمل کیا جا رہا ہے اور عوام کو بنیادی سہولیات کی فراہمی یقینی بنائی جائے گی وزیر اعظم نے متعلقہ محکموں کو ہدایت کی کہ منصوبوں میں شفافیت اور معیار کو برقرار رکھا جائے تاکہ عوام کو بہتر خدمات فراہم کی جا سکیں مظفرآباد آزاد کشمیر حکومت کی جانب سے عوامی فلاح و بہبود کے منصوبوں پر کام جاری ہے جس کے تحت مختلف اضلاع میں ترقیاتی
––– صداقت –––	62
مظفرآباد آزاد کشمیر حکومت کی جانب سے عوامی فلاح و بہبود کے منصوبوں پر کام جاری ہے جس کے تحت مختلف اضلاع میں ترقیاتی اسکیموں کو مکمل کیا جا رہا ہے اور عوام کو بنیادی سہولیات کی فراہمی یقینی بنائی جائے گی وزیر اعظم نے متعلقہ محکموں کو ہدایت کی کہ منصوبوں میں شفافیت اور معیار کو برقرار رکھا جائے تاکہ عوام کو بہتر خدمات فراہم کی جا سکیں مظفرآباد آزاد کشمیر حکومت کی جانب سے عوامی فلاح و بہبود کے منصوبوں پر کام جاری ہے جس کے تحت مختلف اضلاع میں ترقیاتی اسکیموں کو مکمل کیا جا رہا ہے اور عوام کو بنیادی سہولیات کی فراہمی یقینی بنائی جائے گی وزیر اعظم نے متعلقہ محکموں کو ہدایت کی کہ منصوبوں میں شفافیت اور معیار کو برقرار رکھا جائے تاکہ عوام کو بہتر خدمات فراہم کی جا سکیں مظفرآباد آزاد کشمیر حکومت کی جانب سے عوامی فلاح و بہبود کے منصوبوں پر کام جاری ہے جس کے تحت مختلف اضلاع میں ترقیاتی
––– صداقت –––	39
مظفرآباد آزاد کشمیر حکومت کی جانب سے عوامی فلاح و بہبود کے منصوبوں پر کام جاری ہے جس کے تحت مختلف اضلاع میں ترقیاتی اسکیموں کو مکمل کیا جا رہا ہے اور عوام کو بنیادی سہولیات کی فراہمی یقینی بنائی جائے گی وزیر اعظم نے متعلقہ محکموں کو ہدایت کی کہ منصوبوں میں شفافیت اور معیار کو برقرار رکھا جائے تاکہ عوام کو بہتر خدمات فراہم کی جا سکیں TFCS Facilitation Centres مظفرآباد آزاد کشمیر حکومت کی جانب سے عوامی فلاح و بہبود کے منصوبوں پر کام جاری ہے جس کے تحت مختلف اضلاع میں ترقیاتی اسکیموں کو مکمل کیا جا رہا ہے اور عوام کو بنیادی سہولیات کی فراہمی یقینی بنائی جائے گی وزیر اعظم نے متعلقہ محکموں کو ہدایت کی کہ منصوبوں میں شفافیت اور معیار کو برقرار رکھا جائے تاکہ عوام کو بہتر خدمات فراہم کی جا سکیں
––– صداقت –––	40
مظفرآباد آزاد کشمیر حکومت کی جانب سے عوامی فلاح و بہبود کے منصوبوں پر کام جاری ہے جس کے تحت مختلف اضلاع میں ترقیاتی اسکیموں کو مکمل کیا جا رہا ہے اور عوام کو بنیادی سہولیات کی فراہمی یقینی بنائی جائے گی وزیر اعظم نے متعلقہ محکموں کو ہدایت کی کہ منصوبوں میں شفافیت اور معیار کو برقرار رکھا جائے تاکہ عوام کو بہتر خدمات فراہم کی جا سکیں مظفرآباد آزاد کشمیر حکومت کی جانب سے عوامی فلاح و بہبود کے منصوبوں پر کام جاری ہے جس کے تحت مختلف اضلاع میں ترقیاتی اسکیموں کو مکمل کیا جا رہا ہے اور عوام کو بنیادی سہولیات کی فراہمی یقینی بنائی جائے گی وزیر اعظم نے متعلقہ محکموں کو ہدایت کی کہ منصوبوں میں شفافیت اور معیار کو برقرار رکھا جائے تاکہ عوام کو بہتر خدمات فراہم کی جا سکیں مظفرآباد آزاد کشمیر حکومت کی
––– صداقت –––	41
مظفرآباد آزاد کشمیر حکومت کی جانب سے عوامی فلاح و بہبود کے منصوبوں پر کام جاری ہے جس کے تحت مختلف اضلاع میں ترقیاتی اسکیموں کو مکمل کیا جا رہا ہے اور عوام کو بنیادی سہولیات کی فراہمی یقینی بنائی جائے گی وزیر اعظم نے متعلقہ محکموں کو ہدایت کی کہ منصوبوں میں شفافیت اور معیار کو برقرار رکھا جائے تاکہ عوام کو بہتر خدمات فراہم کی جا سکیں مظفرآباد آزاد کشمیر حکومت کی جانب سے عوامی فلاح و بہبود کے منصوبوں پر کام جاری ہے جس کے تحت مختلف اضلاع میں ترقیاتی اسکیموں کو مکمل کیا جا رہا ہے اور عوام کو بنیادی سہولیات کی فراہمی یقینی بنائی جائے گی وزیر اعظم نے متعلقہ محکموں کو ہدایت کی کہ منصوبوں میں شفافیت اور معیار کو برقرار رکھا جائے تاکہ عوام کو بہتر خدمات فراہم کی جا سکیں PAF مظفرآباد آزاد کشمیر حکومت
––– صداقت –––	42
مظفرآباد آزاد کشمیر حکومت کی جانب سے عوامی فلاح و بہبود کے منصوبوں پر کام جاری ہے جس کے تحت مختلف اضلاع میں ترقیاتی اسکیموں کو مکمل کیا جا رہا ہے اور عوام کو بنیادی سہولیات کی فراہمی یقینی بنائی جائے گی وزیر اعظم نے متعلقہ محکموں کو ہدایت کی کہ منصوبوں میں شفافیت اور معیار کو برقرار رکھا جائے تاکہ عوام کو بہتر خدمات فراہم کی جا سکیں Airblue مظفرآباد آزاد کشمیر حکومت کی جانب سے عوامی فلاح و بہبود کے منصوبوں پر کام جاری ہے جس کے تحت مختلف اضلاع میں ترقیاتی اسکیموں کو مکمل کیا جا رہا ہے اور عوام کو بنیادی سہولیات کی فراہمی یقینی بنائی جائے گی وزیر اعظم نے متعلقہ محکموں کو ہدایت کی کہ منصوبوں میں شفافیت اور معیار کو برقرار رکھا جائے تاکہ عوام کو بہتر خدمات فراہم کی جا سکیں مظفرآباد آزاد کشمیر حکومت کی
––– صداقت –––	43
مظفرآباد آزاد کشمیر حکومت کی جانب سے عوامی فلاح و بہبود کے منصوبوں پر کام جاری ہے جس کے تحت مختلف اضلاع میں ترقیاتی اسکیموں کو مکمل کیا جا رہا ہے اور عوام کو بنیادی سہولیات کی فراہمی یقینی بنائی جائے گی وزیر اعظم نے متعلقہ محکموں کو ہدایت کی کہ منصوبوں میں شفافیت اور معیار کو برقرار رکھا جائے تاکہ عوام کو بہتر خدمات فراہم کی جا سکیں مظفرآباد آزاد کشمیر حکومت کی جانب سے عوامی فلاح و بہبود کے منصوبوں پر کام جاری ہے جس کے تحت مختلف اضلاع میں ترقیاتی اسکیموں کو مکمل کیا جا رہا ہے اور عوام کو بنیادی سہولیات کی فراہمی یقینی بنائی جائے گی وزیر اعظم نے متعلقہ محکموں کو ہدایت کی کہ منصوبوں میں شفافیت اور معیار کو برقرار رکھا جائے تاکہ عوام کو بہتر خدمات فراہم کی جا سکیں مظفرآباد آزاد کشمیر حکومت کی
––– صداقت –––	44
مظفرآباد آزاد کشمیر حکومت کی جانب سے عوامی فلاح و بہبود کے منصوبوں پر کام جاری ہے جس کے تحت مختلف اضلاع میں ترقیاتی اسکیموں کو مکمل کیا جا رہا ہے اور عوام کو بنیادی سہولیات کی فراہمی یقینی بنائی جائے گی وزیر اعظم نے متعلقہ محکموں کو ہدایت کی کہ منصوبوں میں شفافیت اور معیار کو برقرار رکھا جائے تاکہ عوام کو بہتر خدمات فراہم کی جا سکیں مظفرآباد آزاد کشمیر حکومت کی جانب سے عوامی فلاح و بہبود کے منصوبوں پر کام جاری ہے جس کے تحت مختلف اضلاع میں ترقیاتی اسکیموں کو مکمل کیا جا رہا ہے اور عوام کو بنیادی سہولیات کی فراہمی یقینی بنائی جائے گی وزیر اعظم نے متعلقہ محکموں کو ہدایت کی کہ منصوبوں میں شفافیت اور معیار کو برقرار رکھا جائے تاکہ عوام کو بہتر خدمات فراہم کی جا سکیں LUMS مظفرآباد آزاد کشمیر حکومت
––– صداقت –––	45
مظفرآباد آزاد کشمیر حکومت کی جانب سے عوامی فلاح و بہبود کے منصوبوں پر کام جاری ہے جس کے تحت مختلف اضلاع میں ترقیاتی اسکیموں کو مکمل کیا جا رہا ہے اور عوام کو بنیادی سہولیات کی فراہمی یقینی بنائی جائے گی وزیر اعظم نے متعلقہ محکموں کو ہدایت کی کہ منصوبوں میں شفافیت اور معیار کو برقرار رکھا جائے تاکہ عوام کو بہتر خدمات فراہم کی جا سکیں BISP مظفرآباد آزاد کشمیر حکومت کی جانب سے عوامی فلاح و بہبود کے منصوبوں پر کام جاری ہے جس کے تحت مختلف اضلاع میں ترقیاتی اسکیموں کو مکمل کیا جا رہا ہے اور عوام کو بنیادی سہولیات کی فراہمی یقینی بنائی جائے گی وزیر اعظم نے متعلقہ محکموں کو ہدایت کی کہ منصوبوں میں شفافیت اور معیار کو برقرار رکھا جائے تاکہ عوام کو بہتر خدمات فراہم کی جا سکیں مظفرآباد آزاد کشمیر حکومت کی
––– صداقت –––	46
مظفرآباد آزاد کشمیر حکومت کی جانب سے عوامی فلاح و بہبود کے منصوبوں پر کام جاری ہے جس کے تحت مختلف اضلاع میں ترقیاتی اسکیموں کو مکمل کیا جا رہا ہے اور عوام کو بنیادی سہولیات کی فراہمی یقینی بنائی جائے گی وزیر اعظم نے متعلقہ محکموں کو ہدایت کی کہ منصوبوں میں شفافیت اور معیار کو برقرار رکھا جائے تاکہ عوام کو بہتر خدمات فراہم کی جا سکیں مظفرآباد آزاد کشمیر حکومت کی جانب سے عوامی فلاح و بہبود کے منصوبوں پر کام جاری ہے جس کے تحت مختلف اضلاع میں ترقیاتی اسکیموں کو مکمل کیا جا رہا ہے اور عوام کو بنیادی سہولیات کی فراہمی یقینی بنائی جائے گی وزیر اعظم نے متعلقہ محکموں کو ہدایت کی کہ منصوبوں میں شفافیت اور معیار کو برقرار رکھا جائے تاکہ عوام کو بہتر خدمات فراہم کی جا سکیں مظفرآباد آزاد کشمیر حکومت کی
––– صداقت –––	47
مظفرآباد آزاد کشمیر حکومت کی جانب سے عوامی فلاح و بہبود کے منصوبوں پر کام جاری ہے جس کے تحت مختلف اضلاع میں ترقیاتی اسکیموں کو مکمل کیا جا رہا ہے اور عوام کو بنیادی سہولیات کی فراہمی یقینی بنائی جائے گی وزیر اعظم نے متعلقہ محکموں کو ہدایت کی کہ منصوبوں میں شفافیت اور معیار کو برقرار رکھا جائے تاکہ عوام کو بہتر خدمات فراہم کی جا سکیں مظفرآباد آزاد کشمیر حکومت کی جانب سے عوامی فلاح و بہبود کے منصوبوں پر کام جاری ہے جس کے تحت مختلف اضلاع میں ترقیاتی اسکیموں کو مکمل کیا جا رہا ہے اور عوام کو بنیادی سہولیات کی فراہمی یقینی بنائی جائے گی وزیر اعظم نے متعلقہ محکموں کو ہدایت کی کہ منصوبوں میں شفافیت اور معیار کو برقرار رکھا جائے تاکہ عوام کو بہتر خدمات فراہم کی جا سکیں NSER مظفرآباد آزاد کشمیر حکومت
––– صداقت –––	48
مظفرآباد آزاد کشمیر حکومت کی جانب سے عوامی فلاح و بہبود کے منصوبوں پر کام جاری ہے جس کے تحت مختلف اضلاع میں ترقیاتی اسکیموں کو مکمل کیا جا رہا ہے اور عوام کو بنیادی سہولیات کی فراہمی یقینی بنائی جائے گی وزیر اعظم نے متعلقہ محکموں کو ہدایت کی کہ منصوبوں میں شفافیت اور معیار کو برقرار رکھا جائے تاکہ عوام کو بہتر خدمات فراہم کی جا سکیں SITTS مظفرآباد آزاد کشمیر حکومت کی جانب سے عوامی فلاح و بہبود کے منصوبوں پر کام جاری ہے جس کے تحت مختلف اضلاع میں ترقیاتی اسکیموں کو مکمل کیا جا رہا ہے اور عوام کو بنیادی سہولیات کی فراہمی یقینی بنائی جائے گی وزیر اعظم نے متعلقہ محکموں کو ہدایت کی کہ منصوبوں میں شفافیت اور معیار کو برقرار رکھا جائے تاکہ عوام کو بہتر خدمات فراہم کی جا سکیں مظفرآباد آزاد کشمیر حکومت کی
––– صداقت –––	49
مظفرآباد آزاد کشمیر حکومت کی جانب سے عوامی فلاح و بہبود کے منصوبوں پر کام جاری ہے جس کے تحت مختلف اضلاع میں ترقیاتی اسکیموں کو مکمل کیا جا رہا ہے اور عوام کو بنیادی سہولیات کی فراہمی یقینی بنائی جائے گی وزیر اعظم نے متعلقہ محکموں کو ہدایت کی کہ منصوبوں میں شفافیت اور معیار کو برقرار رکھا جائے تاکہ عوام کو بہتر خدمات فراہم کی جا سکیں مظفرآباد آزاد کشمیر حکومت کی جانب سے عوامی فلاح و بہبود کے منصوبوں پر کام جاری ہے جس کے تحت مختلف اضلاع میں ترقیاتی اسکیموں کو مکمل کیا جا رہا ہے اور عوام کو بنیادی سہولیات کی فراہمی یقینی بنائی جائے گی وزیر اعظم نے متعلقہ محکموں کو ہدایت کی کہ منصوبوں میں شفافیت اور معیار کو برقرار رکھا جائے تاکہ عوام کو بہتر خدمات فراہم کی جا سکیں مظفرآباد آزاد کشمیر حکومت کی
––– صداقت –––	50
مظفرآباد آزاد کشمیر حکومت کی جانب سے عوامی فلاح و بہبود کے منصوبوں پر کام جاری ہے جس کے تحت مختلف اضلاع میں ترقیاتی اسکیموں کو مکمل کیا جا رہا ہے اور عوام کو بنیادی سہولیات کی فراہمی یقینی بنائی جائے گی وزیر اعظم نے متعلقہ محکموں کو ہدایت کی کہ منصوبوں میں شفافیت اور معیار کو برقرار رکھا جائے تاکہ عوام کو بہتر خدمات فراہم کی جا سکیں مظفرآباد آزاد کشمیر حکومت کی جانب سے عوامی فلاح و بہبود کے منصوبوں پر کام جاری ہے جس کے تحت مختلف اضلاع میں ترقیاتی اسکیموں کو مکمل کیا جا رہا ہے اور عوام کو بنیادی سہولیات کی فراہمی یقینی بنائی جائے گی وزیر اعظم نے متعلقہ محکموں کو ہدایت کی کہ منصوبوں میں شفافیت اور معیار کو برقرار رکھا جائے تاکہ عوام کو بہتر خدمات فراہم کی جا سکیں TFCS Facilitation Centres
––– صداقت –––	23
مظفرآباد آزاد کشمیر حکومت کی جانب سے عوامی فلاح و بہبود کے منصوبوں پر کام جاری ہے جس کے تحت مختلف اضلاع میں ترقیاتی اسکیموں کو مکمل کیا جا رہا ہے اور عوام کو بنیادی سہولیات کی فراہمی یقینی بنائی جائے گی وزیر اعظم نے متعلقہ محکموں کو ہدایت کی کہ منصوبوں میں شفافیت اور معیار کو برقرار رکھا جائے تاکہ عوام کو بہتر خدمات فراہم کی جا سکیں Wing Digitization and مظفرآباد آزاد کشمیر حکومت کی جانب سے عوامی فلاح و بہبود کے منصوبوں پر کام جاری ہے جس کے تحت مختلف اضلاع میں ترقیاتی اسکیموں کو مکمل کیا جا رہا ہے اور عوام کو بنیادی سہولیات
––– صداقت –––	24
مظفرآباد آزاد کشمیر حکومت کی جانب سے عوامی فلاح و بہبود کے منصوبوں پر کام جاری ہے جس کے تحت مختلف اضلاع میں ترقیاتی اسکیموں کو مکمل کیا جا رہا ہے اور عوام کو بنیادی سہولیات کی فراہمی یقینی بنائی جائے گی وزیر اعظم نے متعلقہ محکموں کو ہدایت کی کہ منصوبوں میں شفافیت اور معیار کو برقرار رکھا جائے تاکہ عوام کو بہتر خدمات فراہم کی جا سکیں مظفرآباد آزاد کشمیر حکومت کی جانب سے عوامی فلاح و بہبود کے منصوبوں پر کام جاری ہے جس کے تحت مختلف اضلاع میں ترقیاتی اسکیموں کو مکمل کیا جا رہا ہے اور عوام کو بنیادی سہولیات کی فراہمی یقینی
––– صداقت –––	25
مظفرآباد آزاد کشمیر حکومت کی جانب سے عوامی فلاح و بہبود کے منصوبوں پر کام جاری ہے جس کے تحت مختلف اضلاع میں ترقیاتی اسکیموں کو مکمل کیا جا رہا ہے اور عوام کو بنیادی سہولیات کی فراہمی یقینی بنائی جائے گی وزیر اعظم نے متعلقہ محکموں کو ہدایت کی کہ منصوبوں میں شفافیت اور معیار کو برقرار رکھا جائے تاکہ عوام کو بہتر خدمات فراہم کی جا سکیں مظفرآباد آزاد کشمیر حکومت کی جانب سے عوامی فلاح و بہبود کے منصوبوں پر کام جاری ہے جس کے تحت مختلف اضلاع میں ترقیاتی اسکیموں کو مکمل کیا جا رہا ہے اور عوام کو بنیادی سہولیات کی فراہمی یقینی
––– صداقت –––	26
مظفرآباد آزاد کشمیر حکومت کی جانب سے عوامی فلاح و بہبود کے منصوبوں پر کام جاری ہے جس کے تحت مختلف اضلاع میں ترقیاتی اسکیموں کو مکمل کیا جا رہا ہے اور عوام کو بنیادی سہولیات کی فراہمی یقینی بنائی جائے گی وزیر اعظم نے متعلقہ محکموں کو ہدایت کی کہ منصوبوں میں شفافیت اور معیار کو برقرار رکھا جائے تاکہ عوام کو بہتر خدمات فراہم کی جا سکیں Airblue مظفرآباد آزاد کشمیر حکومت کی جانب سے عوامی فلاح و بہبود کے منصوبوں پر کام جاری ہے جس کے تحت مختلف اضلاع میں ترقیاتی اسکیموں کو مکمل کیا جا رہا ہے اور عوام کو بنیادی سہولیات کی فراہمی یقینی
––– صداقت –––	27
مظفرآباد آزاد کشمیر حکومت کی جانب سے عوامی فلاح و بہبود کے منصوبوں پر کام جاری ہے جس کے تحت مختلف اضلاع میں ترقیاتی اسکیموں کو مکمل کیا جا رہا ہے اور عوام کو بنیادی سہولیات کی فراہمی یقینی بنائی جائے گی وزیر اعظم نے متعلقہ محکموں کو ہدایت کی کہ منصوبوں میں شفافیت اور معیار کو برقرار رکھا جائے تاکہ عوام کو بہتر خدمات فراہم کی جا سکیں مظفرآباد آزاد کشمیر حکومت کی جانب سے عوامی فلاح و بہبود کے منصوبوں پر کام جاری ہے جس کے تحت مختلف اضلاع میں ترقیاتی اسکیموں کو مکمل کیا جا رہا ہے اور عوام کو بنیادی سہولیات کی فراہمی یقینی
––– صداقت –––	28
مظفرآباد آزاد کشمیر حکومت کی جانب سے عوامی فلاح و بہبود کے منصوبوں پر کام جاری ہے جس کے تحت مختلف اضلاع میں ترقیاتی اسکیموں کو مکمل کیا جا رہا ہے اور عوام کو بنیادی سہولیات کی فراہمی یقینی بنائی جائے گی وزیر اعظم نے متعلقہ محکموں کو ہدایت کی کہ منصوبوں میں شفافیت اور معیار کو برقرار رکھا جائے تاکہ عوام کو بہتر خدمات فراہم کی جا سکیں مظفرآباد آزاد کشمیر حکومت کی جانب سے عوامی فلاح و بہبود کے منصوبوں پر کام جاری ہے جس کے تحت مختلف اضلاع میں ترقیاتی اسکیموں کو مکمل کیا جا رہا ہے اور عوام کو بنیادی سہولیات کی فراہمی یقینی
––– صداقت –––	29
مظفرآباد آزاد کشمیر حکومت کی جانب سے عوامی فلاح و بہبود کے منصوبوں پر کام جاری ہے جس کے تحت مختلف اضلاع میں ترقیاتی اسکیموں کو مکمل کیا جا رہا ہے اور عوام کو بنیادی سہولیات کی فراہمی یقینی بنائی جائے گی وزیر اعظم نے متعلقہ محکموں کو ہدایت کی کہ منصوبوں میں شفافیت اور معیار کو برقرار رکھا جائے تاکہ عوام کو بہتر خدمات فراہم کی جا سکیں LUMS مظفرآباد آزاد کشمیر حکومت کی جانب سے عوامی فلاح و بہبود کے منصوبوں پر کام جاری ہے جس کے تحت مختلف اضلاع میں ترقیاتی اسکیموں کو مکمل کیا جا رہا ہے اور عوام کو بنیادی سہولیات کی فراہمی یقینی
––– صداقت –––	30
مظفرآباد آزاد کشمیر حکومت کی جانب سے عوامی فلاح و بہبود کے منصوبوں پر کام جاری ہے جس کے تحت مختلف اضلاع میں ترقیاتی اسکیموں کو مکمل کیا جا رہا ہے اور عوام کو بنیادی سہولیات کی فراہمی یقینی بنائی جائے گی وزیر اعظم نے متعلقہ محکموں کو ہدایت کی کہ منصوبوں میں شفافیت اور معیار کو برقرار رکھا جائے تاکہ عوام کو بہتر خدمات فراہم کی جا سکیں مظفرآباد آزاد کشمیر حکومت کی جانب سے عوامی فلاح و بہبود کے منصوبوں پر کام جاری ہے جس کے تحت مختلف اضلاع میں ترقیاتی اسکیموں کو مکمل کیا جا رہا ہے اور عوام کو بنیادی سہولیات کی فراہمی یقینی
––– صداقت –––	31
مظفرآباد آزاد کشمیر حکومت کی جانب سے عوامی فلاح و بہبود کے منصوبوں پر کام جاری ہے جس کے تحت مختلف اضلاع میں ترقیاتی اسکیموں کو مکمل کیا جا رہا ہے اور عوام کو بنیادی سہولیات کی فراہمی یقینی بنائی جائے گی وزیر اعظم نے متعلقہ محکموں کو ہدایت کی کہ منصوبوں میں شفافیت اور معیار کو برقرار رکھا جائے تاکہ عوام کو بہتر خدمات فراہم کی جا سکیں مظفرآباد آزاد کشمیر حکومت کی جانب سے عوامی فلاح و بہبود کے منصوبوں پر کام جاری ہے جس کے تحت مختلف اضلاع میں ترقیاتی اسکیموں کو مکمل کیا جا رہا ہے اور عوام کو بنیادی سہولیات کی فراہمی یقینی
––– صداقت –––	32
مظفرآباد آزاد کشمیر حکومت کی جانب سے عوامی فلاح و بہبود کے منصوبوں پر کام جاری ہے جس کے تحت مختلف اضلاع میں ترقیاتی اسکیموں کو مکمل کیا جا رہا ہے اور عوام کو بنیادی سہولیات کی فراہمی یقینی بنائی جائے گی وزیر اعظم نے متعلقہ محکموں کو ہدایت کی کہ منصوبوں میں شفافیت اور معیار کو برقرار رکھا جائے تاکہ عوام کو بہتر خدمات فراہم کی جا سکیں ISPDP مظفرآباد آزاد کشمیر حکومت کی جانب سے عوامی فلاح و بہبود کے منصوبوں پر کام جاری ہے جس کے تحت مختلف اضلاع میں ترقیاتی اسکیموں کو مکمل کیا جا رہا ہے اور عوام کو بنیادی سہولیات کی فراہمی یقینی
––– صداقت –––	33
مظفرآباد آزاد کشمیر حکومت کی جانب سے عوامی فلاح و بہبود کے منصوبوں پر کام جاری ہے جس کے تحت مختلف اضلاع میں ترقیاتی اسکیموں کو مکمل کیا جا رہا ہے اور عوام کو بنیادی سہولیات کی فراہمی یقینی بنائی جائے گی وزیر اعظم نے متعلقہ محکموں کو ہدایت کی کہ منصوبوں میں شفافیت اور معیار کو برقرار رکھا جائے تاکہ عوام کو بہتر خدمات فراہم کی جا سکیں مظفرآباد آزاد کشمیر حکومت کی جانب سے عوامی فلاح و بہبود کے منصوبوں پر کام جاری ہے جس کے تحت مختلف اضلاع میں ترقیاتی اسکیموں کو مکمل کیا جا رہا ہے اور عوام کو بنیادی سہولیات کی فراہمی یقینی
––– صداقت –––	34
مظفرآباد آزاد کشمیر حکومت کی جانب سے عوامی فلاح و بہبود کے منصوبوں پر کام جاری ہے جس کے تحت مختلف اضلاع میں ترقیاتی اسکیموں کو مکمل کیا جا رہا ہے اور عوام کو بنیادی سہولیات کی فراہمی یقینی بنائی جائے گی وزیر اعظم نے متعلقہ محکموں کو ہدایت کی کہ منصوبوں میں شفافیت اور معیار کو برقرار رکھا جائے تاکہ عوام کو بہتر خدمات فراہم کی جا سکیں مظفرآباد آزاد کشمیر حکومت کی جانب سے عوامی فلاح و بہبود کے منصوبوں پر کام جاری ہے جس کے تحت مختلف اضلاع میں ترقیاتی اسکیموں کو مکمل کیا جا رہا ہے اور عوام کو بنیادی سہولیات کی فراہمی یقینی
––– صداقت –––	35
مظفرآباد آزاد کشمیر حکومت کی جانب سے عوامی فلاح و بہبود کے منصوبوں پر کام جاری ہے جس کے تحت مختلف اضلاع میں ترقیاتی اسکیموں کو مکمل کیا جا رہا ہے اور عوام کو بنیادی سہولیات کی فراہمی یقینی بنائی جائے گی وزیر اعظم نے متعلقہ محکموں کو ہدایت کی کہ منصوبوں میں شفافیت اور معیار کو برقرار رکھا جائے تاکہ عوام کو بہتر خدمات فراہم کی جا سکیں NAVTTC مظفرآباد آزاد کشمیر حکومت کی جانب سے عوامی فلاح و بہبود کے منصوبوں پر کام جاری ہے جس کے تحت مختلف اضلاع میں ترقیاتی اسکیموں کو مکمل کیا جا رہا ہے اور عوام کو بنیادی سہولیات کی فراہمی
––– صداقت –––	36
مظفرآباد آزاد کشمیر حکومت کی جانب سے عوامی فلاح و بہبود کے منصوبوں پر کام جاری ہے جس کے تحت مختلف اضلاع میں ترقیاتی اسکیموں کو مکمل کیا جا رہا ہے اور عوام کو بنیادی سہولیات کی فراہمی یقینی بنائی جائے گی وزیر اعظم نے متعلقہ محکموں کو ہدایت کی کہ منصوبوں میں شفافیت اور معیار کو برقرار رکھا جائے تاکہ عوام کو بہتر خدمات فراہم کی جا سکیں مظفرآباد آزاد کشمیر حکومت کی جانب سے عوامی فلاح و بہبود کے منصوبوں پر کام جاری ہے جس کے تحت مختلف اضلاع میں ترقیاتی اسکیموں کو مکمل کیا جا رہا ہے اور عوام کو بنیادی سہولیات کی فراہمی یقینی
––– صداقت –––	37
مظفرآباد آزاد کشمیر حکومت کی جانب سے عوامی فلاح و بہبود کے منصوبوں پر کام جاری ہے جس کے تحت مختلف اضلاع میں ترقیاتی اسکیموں کو مکمل کیا جا رہا ہے اور عوام کو بنیادی سہولیات کی فراہمی یقینی بنائی جائے گی وزیر اعظم نے متعلقہ محکموں کو ہدایت کی کہ منصوبوں میں شفافیت اور معیار کو برقرار رکھا جائے تاکہ عوام کو بہتر خدمات فراہم کی جا سکیں مظفرآباد آزاد کشمیر حکومت کی جانب سے عوامی فلاح و بہبود کے منصوبوں پر کام جاری ہے جس کے تحت مختلف اضلاع میں ترقیاتی اسکیموں کو مکمل کیا جا رہا ہے اور عوام کو بنیادی سہولیات کی فراہمی یقینی
––– صداقت –––	38
مظفرآباد آزاد کشمیر حکومت کی جانب سے عوامی فلاح و بہبود کے منصوبوں پر کام جاری ہے جس کے تحت مختلف اضلاع میں ترقیاتی اسکیموں کو مکمل کیا جا رہا ہے اور عوام کو بنیادی سہولیات کی فراہمی یقینی بنائی جائے گی وزیر اعظم نے متعلقہ محکموں کو ہدایت کی کہ منصوبوں میں شفافیت اور معیار کو برقرار رکھا جائے تاکہ عوام کو بہتر خدمات فراہم کی جا سکیں Wing Digitization and مظفرآباد آزاد کشمیر حکومت کی جانب سے عوامی فلاح و بہبود کے منصوبوں پر کام جاری ہے جس کے تحت مختلف اضلاع میں ترقیاتی اسکیموں کو مکمل کیا جا رہا ہے اور عوام کو بنیادی سہولیات
––– صداقت –––	14
مظفرآباد آزاد کشمیر حکومت کی جانب سے عوامی فلاح و بہبود کے منصوبوں پر کام جاری ہے جس کے تحت مختلف اضلاع میں ترقیاتی اسکیموں کو مکمل کیا جا رہا ہے اور عوام کو بنیادی سہولیات کی فراہمی یقینی بنائی جائے گی وزیر اعظم نے متعلقہ محکموں کو ہدایت کی کہ منصوبوں میں شفافیت اور معیار کو برقرار رکھا جائے تاکہ عوام کو بہتر خدمات فراہم کی جا سکیں CPEC مظفرآباد آزاد کشمیر حکومت کی جانب سے عوامی فلاح و بہبود کے منصوبوں پر کام جاری ہے جس کے تحت مختلف اضلاع میں ترقیاتی اسکیموں کو مکمل کیا جا رہا ہے اور عوام کو بنیادی سہولیات کی فراہمی یقینی بنائی جائے گی وزیر اعظم نے متعلقہ محکموں کو ہدایت کی کہ منصوبوں میں شفافیت اور معیار کو برقرار رکھا جائے تاکہ عوام کو بہتر خدمات فراہم کی جا سکیں مظفرآباد آزاد کشمیر حکومت کی جانب سے عوامی فلاح و بہبود کے منصوبوں پر کام جاری ہے جس کے تحت مختلف اضلاع میں ترقیاتی اسکیموں کو مکمل کیا جا رہا ہے اور عوام کو بنیادی سہولیات کی فراہمی یقینی بنائی جائے گی وزیر اعظم نے متعلقہ محکموں کو ہدایت کی کہ منصوبوں میں شفافیت اور معیار کو برقرار رکھا جائے تاکہ عوام کو بہتر خدمات فراہم کی جا سکیں
––– صداقت –––	15
مظفرآباد آزاد کشمیر حکومت کی جانب سے عوامی فلاح و بہبود کے منصوبوں پر کام جاری ہے جس کے تحت مختلف اضلاع میں ترقیاتی اسکیموں کو مکمل کیا جا رہا ہے اور عوام کو بنیادی سہولیات کی فراہمی یقینی بنائی جائے گی وزیر اعظم نے متعلقہ محکموں کو ہدایت کی کہ منصوبوں میں شفافیت اور معیار کو برقرار رکھا جائے تاکہ عوام کو بہتر خدمات فراہم کی جا سکیں مظفرآباد آزاد کشمیر حکومت کی جانب سے عوامی فلاح و بہبود کے منصوبوں پر کام جاری ہے جس کے تحت مختلف اضلاع میں ترقیاتی اسکیموں کو مکمل کیا جا رہا ہے اور عوام کو بنیادی سہولیات کی فراہمی یقینی بنائی جائے گی وزیر اعظم نے متعلقہ محکموں کو ہدایت کی کہ منصوبوں میں شفافیت اور معیار کو برقرار رکھا جائے تاکہ عوام کو بہتر خدمات فراہم کی جا سکیں مظفرآباد آزاد کشمیر حکومت کی جانب سے عوامی فلاح و بہبود کے منصوبوں پر کام جاری ہے جس کے تحت مختلف اضلاع میں ترقیاتی اسکیموں کو مکمل کیا جا رہا ہے اور عوام کو بنیادی سہولیات کی فراہمی یقینی بنائی جائے گی وزیر اعظم نے متعلقہ محکموں کو ہدایت کی کہ منصوبوں میں شفافیت اور معیار کو برقرار رکھا جائے تاکہ عوام کو بہتر خدمات فراہم کی جا سکیں
––– صداقت –––	16
مظفرآباد آزاد کشمیر حکومت کی جانب سے عوامی فلاح و بہبود کے منصوبوں پر کام جاری ہے جس کے تحت مختلف اضلاع میں ترقیاتی اسکیموں کو مکمل کیا جا رہا ہے اور عوام کو بنیادی سہولیات کی فراہمی یقینی بنائی جائے گی وزیر اعظم نے متعلقہ محکموں کو ہدایت کی کہ منصوبوں میں شفافیت اور معیار کو برقرار رکھا جائے تاکہ عوام کو بہتر خدمات فراہم کی جا سکیں مظفرآباد آزاد کشمیر حکومت کی جانب سے عوامی فلاح و بہبود کے منصوبوں پر کام جاری ہے جس کے تحت مختلف اضلاع میں ترقیاتی اسکیموں کو مکمل کیا جا رہا ہے اور عوام کو بنیادی سہولیات کی فراہمی یقینی بنائی جائے گی وزیر اعظم نے متعلقہ محکموں کو ہدایت کی کہ منصوبوں میں شفافیت اور معیار کو برقرار رکھا جائے تاکہ عوام کو بہتر خدمات فراہم کی جا سکیں Kort Housing Phase-Project for Widows in AJK مظفرآباد آزاد کشمیر حکومت کی جانب سے عوامی فلاح و بہبود کے منصوبوں پر کام جاری ہے جس کے تحت مختلف اضلاع میں ترقیاتی اسکیموں کو مکمل کیا جا رہا ہے اور عوام کو بنیادی سہولیات کی فراہمی یقینی بنائی جائے گی وزیر اعظم نے متعلقہ محکموں کو ہدایت کی کہ منصوبوں میں شفافیت اور معیار کو برقرار رکھا
––– صداقت –––	17
مظفرآباد آزاد کشمیر حکومت کی جانب سے عوامی فلاح و بہبود کے منصوبوں پر کام جاری ہے جس کے تحت مختلف اضلاع میں ترقیاتی اسکیموں کو مکمل کیا جا رہا ہے اور عوام کو بنیادی سہولیات کی فراہمی یقینی بنائی جائے گی وزیر اعظم نے متعلقہ محکموں کو ہدایت کی کہ منصوبوں میں شفافیت اور معیار کو برقرار رکھا جائے تاکہ عوام کو بہتر خدمات فراہم کی جا سکیں BISP مظفرآباد آزاد کشمیر حکومت کی جانب سے عوامی فلاح و بہبود کے منصوبوں پر کام جاری ہے جس کے تحت مختلف اضلاع میں ترقیاتی اسکیموں کو مکمل کیا جا رہا ہے اور عوام کو بنیادی سہولیات کی فراہمی یقینی بنائی جائے گی وزیر اعظم نے متعلقہ محکموں کو ہدایت کی کہ منصوبوں میں شفافیت اور معیار کو برقرار رکھا جائے تاکہ عوام کو بہتر خدمات فراہم کی جا سکیں مظفرآباد آزاد کشمیر حکومت کی جانب سے عوامی فلاح و بہبود کے منصوبوں پر کام جاری ہے جس کے تحت مختلف اضلاع میں ترقیاتی اسکیموں کو مکمل کیا جا رہا ہے اور عوام کو بنیادی سہولیات کی فراہمی یقینی بنائی جائے گی وزیر اعظم نے متعلقہ محکموں کو ہدایت کی کہ منصوبوں میں شفافیت اور معیار کو برقرار رکھا جائے تاکہ عوام کو بہتر خدمات فراہم کی جا سکیں
––– صداقت –––	18
مظفرآباد آزاد کشمیر حکومت کی جانب سے عوامی فلاح و بہبود کے منصوبوں پر کام جاری ہے جس کے تحت مختلف اضلاع میں ترقیاتی اسکیموں کو مکمل کیا جا رہا ہے اور عوام کو بنیادی سہولیات کی فراہمی یقینی بنائی جائے گی وزیر اعظم نے متعلقہ محکموں کو ہدایت کی کہ منصوبوں میں شفافیت اور معیار کو برقرار رکھا جائے تاکہ عوام کو بہتر خدمات فراہم کی جا سکیں مظفرآباد آزاد کشمیر حکومت کی جانب سے عوامی فلاح و بہبود کے منصوبوں پر کام جاری ہے جس کے تحت مختلف اضلاع میں ترقیاتی اسکیموں کو مکمل کیا جا رہا ہے اور عوام کو بنیادی سہولیات کی فراہمی یقینی بنائی جائے گی وزیر اعظم نے متعلقہ محکموں کو ہدایت کی کہ منصوبوں میں شفافیت اور معیار کو برقرار رکھا جائے تاکہ عوام کو بہتر خدمات فراہم کی جا سکیں مظفرآباد آزاد کشمیر حکومت کی جانب سے عوامی فلاح و بہبود کے منصوبوں پر کام جاری ہے جس کے تحت مختلف اضلاع میں ترقیاتی اسکیموں کو مکمل کیا جا رہا ہے اور عوام کو بنیادی سہولیات کی فراہمی یقینی بنائی جائے گی وزیر اعظم نے متعلقہ محکموں کو ہدایت کی کہ منصوبوں میں شفافیت اور معیار کو برقرار رکھا جائے تاکہ عوام کو بہتر خدمات فراہم کی جا سکیں
––– صداقت –––	19
مظفرآباد آزاد کشمیر حکومت کی جانب سے عوامی فلاح و بہبود کے منصوبوں پر کام جاری ہے جس کے تحت مختلف اضلاع میں ترقیاتی اسکیموں کو مکمل کیا جا رہا ہے اور عوام کو بنیادی سہولیات کی فراہمی یقینی بنائی جائے گی وزیر اعظم نے متعلقہ محکموں کو ہدایت کی کہ منصوبوں میں شفافیت اور معیار کو برقرار رکھا جائے تاکہ عوام کو بہتر خدمات فراہم کی جا سکیں مظفرآباد آزاد کشمیر حکومت کی جانب سے عوامی فلاح و بہبود کے منصوبوں پر کام جاری ہے جس کے تحت مختلف اضلاع میں ترقیاتی اسکیموں کو مکمل کیا جا رہا ہے اور عوام کو بنیادی سہولیات کی فراہمی یقینی بنائی جائے گی وزیر اعظم نے متعلقہ محکموں کو ہدایت کی کہ منصوبوں میں شفافیت اور معیار کو برقرار رکھا جائے تاکہ عوام کو بہتر خدمات فراہم کی جا سکیں SITTS مظفرآباد آزاد کشمیر حکومت کی جانب سے عوامی فلاح و بہبود کے منصوبوں پر کام جاری ہے جس کے تحت مختلف اضلاع میں ترقیاتی اسکیموں کو مکمل کیا جا رہا ہے اور عوام کو بنیادی سہولیات کی فراہمی یقینی بنائی جائے گی وزیر اعظم نے متعلقہ محکموں کو ہدایت کی کہ منصوبوں میں شفافیت اور معیار کو برقرار رکھا جائے تاکہ عوام کو بہتر خدمات فراہم کی جا سکیں
––– صداقت –––	20
مظفرآباد آزاد کشمیر حکومت کی جانب سے عوامی فلاح و بہبود کے منصوبوں پر کام جاری ہے جس کے تحت مختلف اضلاع میں ترقیاتی اسکیموں کو مکمل کیا جا رہا ہے اور عوام کو بنیادی سہولیات کی فراہمی یقینی بنائی جائے گی وزیر اعظم نے متعلقہ محکموں کو ہدایت کی کہ منصوبوں میں شفافیت اور معیار کو برقرار رکھا جائے تاکہ عوام کو بہتر خدمات فراہم کی جا سکیں appreciation مظفرآباد آزاد کشمیر حکومت کی جانب سے عوامی فلاح و بہبود کے منصوبوں پر کام جاری ہے جس کے تحت مختلف اضلاع میں ترقیاتی اسکیموں کو مکمل کیا جا رہا ہے اور عوام کو بنیادی سہولیات کی فراہمی یقینی بنائی جائے گی وزیر اعظم نے متعلقہ محکموں کو ہدایت کی کہ منصوبوں میں شفافیت اور معیار کو برقرار رکھا جائے تاکہ عوام کو بہتر خدمات فراہم کی جا سکیں مظفرآباد آزاد کشمیر حکومت کی جانب سے عوامی فلاح و بہبود کے منصوبوں پر کام جاری ہے جس کے تحت مختلف اضلاع میں ترقیاتی اسکیموں کو مکمل کیا جا رہا ہے اور عوام کو بنیادی سہولیات کی فراہمی یقینی بنائی جائے گی وزیر اعظم نے متعلقہ محکموں کو ہدایت کی کہ منصوبوں میں شفافیت اور معیار کو برقرار رکھا جائے تاکہ عوام کو بہتر خدمات فراہم
––– صداقت –––	21
مظفرآباد آزاد کشمیر حکومت کی جانب سے عوامی فلاح و بہبود کے منصوبوں پر کام جاری ہے جس کے تحت مختلف اضلاع میں ترقیاتی اسکیموں کو مکمل کیا جا رہا ہے اور عوام کو بنیادی سہولیات کی فراہمی یقینی بنائی جائے گی وزیر اعظم نے متعلقہ محکموں کو ہدایت کی کہ منصوبوں میں شفافیت اور معیار کو برقرار رکھا جائے تاکہ عوام کو بہتر خدمات فراہم کی جا سکیں مظفرآباد آزاد کشمیر حکومت کی جانب سے عوامی فلاح و بہبود کے منصوبوں پر کام جاری ہے جس کے تحت مختلف اضلاع میں ترقیاتی اسکیموں کو مکمل کیا جا رہا ہے اور عوام کو بنیادی سہولیات کی فراہمی یقینی بنائی جائے گی وزیر اعظم نے متعلقہ محکموں کو ہدایت کی کہ منصوبوں میں شفافیت اور معیار کو برقرار رکھا جائے تاکہ عوام کو بہتر خدمات فراہم کی جا سکیں مظفرآباد آزاد کشمیر حکومت کی جانب سے عوامی فلاح و بہبود کے منصوبوں پر کام جاری ہے جس کے تحت مختلف اضلاع میں ترقیاتی اسکیموں کو مکمل کیا جا رہا ہے اور عوام کو بنیادی سہولیات کی فراہمی یقینی بنائی جائے گی وزیر اعظم نے متعلقہ محکموں کو ہدایت کی کہ منصوبوں میں شفافیت اور معیار کو برقرار رکھا جائے تاکہ عوام کو بہتر خدمات فراہم کی جا سکیں
––– صداقت –––	22
مظفرآباد آزاد کشمیر حکومت کی جانب سے عوامی فلاح و بہبود کے منصوبوں پر کام جاری ہے جس کے تحت مختلف اضلاع میں ترقیاتی اسکیموں کو مکمل کیا جا رہا ہے اور عوام کو بنیادی سہولیات کی فراہمی یقینی بنائی جائے گی وزیر اعظم نے متعلقہ محکموں کو ہدایت کی کہ منصوبوں میں شفافیت اور معیار کو برقرار رکھا جائے تاکہ عوام کو بہتر خدمات فراہم کی جا سکیں مظفرآباد آزاد کشمیر حکومت کی جانب سے عوامی فلاح و بہبود کے منصوبوں پر کام جاری ہے جس کے تحت مختلف اضلاع میں ترقیاتی اسکیموں کو مکمل کیا جا رہا ہے اور عوام کو بنیادی سہولیات کی فراہمی یقینی بنائی جائے گی وزیر اعظم نے متعلقہ محکموں کو ہدایت کی کہ منصوبوں میں شفافیت اور معیار کو برقرار رکھا جائے تاکہ عوام کو بہتر خدمات فراہم کی جا سکیں PAF مظفرآباد آزاد کشمیر حکومت کی جانب سے عوامی فلاح و بہبود کے منصوبوں پر کام جاری ہے جس کے تحت مختلف اضلاع میں ترقیاتی اسکیموں کو مکمل کیا جا رہا ہے اور عوام کو بنیادی سہولیات کی فراہمی یقینی بنائی جائے گی وزیر اعظم نے متعلقہ محکموں کو ہدایت کی کہ منصوبوں میں شفافیت اور معیار کو برقرار رکھا جائے تاکہ عوام کو بہتر خدمات فراہم کی جا سکیں
––– صداقت –––	7
مظفرآباد آزاد کشمیر حکومت کی جانب سے عوامی فلاح و بہبود کے منصوبوں پر کام جاری ہے جس کے تحت مختلف اضلاع میں ترقیاتی اسکیموں کو مکمل کیا جا رہا ہے اور عوام کو بنیادی سہولیات کی فراہمی یقینی بنائی جائے گی وزیر اعظم نے متعلقہ محکموں کو ہدایت کی کہ منصوبوں میں شفافیت اور معیار کو برقرار رکھا جائے تاکہ عوام کو بہتر خدمات فراہم کی جا سکیں Kort Housing Project For Widows In A مظفرآباد آزاد کشمیر حکومت کی جانب سے عوامی فلاح و بہبود کے منصوبوں پر کام جاری ہے جس کے تحت مختلف اضلاع میں ترقیاتی اسکیموں کو مکمل کیا جا رہا ہے اور عوام کو بنیادی سہولیات کی فراہمی یقینی بنائی جائے گی وزیر اعظم نے متعلقہ محکموں کو ہدایت کی کہ منصوبوں میں شفافیت اور معیار کو برقرار رکھا جائے تاکہ عوام کو بہتر خدمات فراہم کی جا سکیں مظفرآباد آزاد کشمیر حکومت کی جانب سے عوامی فلاح و بہبود کے منصوبوں پر کام جاری ہے جس کے تحت مختلف اضلاع میں ترقیاتی اسکیموں کو مکمل کیا جا رہا ہے اور عوام کو بنیادی سہولیات کی فراہمی یقینی بنائی جائے گی وزیر اعظم نے متعلقہ محکموں کو ہدایت کی کہ منصوبوں میں شفافیت اور معیار کو برقرار رکھا جائے تاکہ عوام کو بہتر خدمات فراہم کی جا سکیں مظفرآباد آزاد کشمیر حکومت کی جانب سے عوامی فلاح و بہبود کے منصوبوں پر کام جاری ہے جس کے تحت مختلف اضلاع میں ترقیاتی اسکیموں کو مکمل کیا جا رہا ہے اور عوام کو بنیادی سہولیات کی فراہمی یقینی بنائی جائے گی وزیر اعظم نے متعلقہ محکموں کو ہدایت کی کہ منصوبوں میں شفافیت
––– صداقت –––	8
مظفرآباد آزاد کشمیر حکومت کی جانب سے عوامی فلاح و بہبود کے منصوبوں پر کام جاری ہے جس کے تحت مختلف اضلاع میں ترقیاتی اسکیموں کو مکمل کیا جا رہا ہے اور عوام کو بنیادی سہولیات کی فراہمی یقینی بنائی جائے گی وزیر اعظم نے متعلقہ محکموں کو ہدایت کی کہ منصوبوں میں شفافیت اور معیار کو برقرار رکھا جائے تاکہ عوام کو بہتر خدمات فراہم کی جا سکیں مظفرآباد آزاد کشمیر حکومت کی جانب سے عوامی فلاح و بہبود کے منصوبوں پر کام جاری ہے جس کے تحت مختلف اضلاع میں ترقیاتی اسکیموں کو مکمل کیا جا رہا ہے اور عوام کو بنیادی سہولیات کی فراہمی یقینی بنائی جائے گی وزیر اعظم نے متعلقہ محکموں کو ہدایت کی کہ منصوبوں میں شفافیت اور معیار کو برقرار رکھا جائے تاکہ عوام کو بہتر خدمات فراہم کی جا سکیں مظفرآباد آزاد کشمیر حکومت کی جانب سے عوامی فلاح و بہبود کے منصوبوں پر کام جاری ہے جس کے تحت مختلف اضلاع میں ترقیاتی اسکیموں کو مکمل کیا جا رہا ہے اور عوام کو بنیادی سہولیات کی فراہمی یقینی بنائی جائے گی وزیر اعظم نے متعلقہ محکموں کو ہدایت کی کہ منصوبوں میں شفافیت اور معیار کو برقرار رکھا جائے تاکہ عوام کو بہتر خدمات فراہم کی جا سکیں BISP مظفرآباد آزاد کشمیر حکومت کی جانب سے عوامی فلاح و بہبود کے منصوبوں پر کام جاری ہے جس کے تحت مختلف اضلاع میں ترقیاتی اسکیموں کو مکمل کیا جا رہا ہے اور عوام کو بنیادی سہولیات کی فراہمی یقینی بنائی جائے گی وزیر اعظم نے متعلقہ محکموں کو ہدایت کی کہ منصوبوں میں شفافیت اور معیار کو برقرار رکھا جائے تاکہ عوام کو
––– صداقت –––	9
مظفرآباد آزاد کشمیر حکومت کی جانب سے عوامی فلاح و بہبود کے منصوبوں پر کام جاری ہے جس کے تحت مختلف اضلاع میں ترقیاتی اسکیموں کو مکمل کیا جا رہا ہے اور عوام کو بنیادی سہولیات کی فراہمی یقینی بنائی جائے گی وزیر اعظم نے متعلقہ محکموں کو ہدایت کی کہ منصوبوں میں شفافیت اور معیار کو برقرار رکھا جائے تاکہ عوام کو بہتر خدمات فراہم کی جا سکیں مظفرآباد آزاد کشمیر حکومت کی جانب سے عوامی فلاح و بہبود کے منصوبوں پر کام جاری ہے جس کے تحت مختلف اضلاع میں ترقیاتی اسکیموں کو مکمل کیا جا رہا ہے اور عوام کو بنیادی سہولیات کی فراہمی یقینی بنائی جائے گی وزیر اعظم نے متعلقہ محکموں کو ہدایت کی کہ منصوبوں میں شفافیت اور معیار کو برقرار رکھا جائے تاکہ عوام کو بہتر خدمات فراہم کی جا سکیں ISPDP مظفرآباد آزاد کشمیر حکومت کی جانب سے عوامی فلاح و بہبود کے منصوبوں پر کام جاری ہے جس کے تحت مختلف اضلاع میں ترقیاتی اسکیموں کو مکمل کیا جا رہا ہے اور عوام کو بنیادی سہولیات کی فراہمی یقینی بنائی جائے گی وزیر اعظم نے متعلقہ محکموں کو ہدایت کی کہ منصوبوں میں شفافیت اور معیار کو برقرار رکھا جائے تاکہ عوام کو بہتر خدمات فراہم کی جا سکیں مظفرآباد آزاد کشمیر حکومت کی جانب سے عوامی فلاح و بہبود کے منصوبوں پر کام جاری ہے جس کے تحت مختلف اضلاع میں ترقیاتی اسکیموں کو مکمل کیا جا رہا ہے اور عوام کو بنیادی سہولیات کی فراہمی یقینی بنائی جائے گی وزیر اعظم نے متعلقہ محکموں کو ہدایت کی کہ منصوبوں میں شفافیت اور معیار کو برقرار رکھا جائے تاکہ عوام کو بہتر
––– صداقت –––	10
مظفرآباد آزاد کشمیر حکومت کی جانب سے عوامی فلاح و بہبود کے منصوبوں پر کام جاری ہے جس کے تحت مختلف اضلاع میں ترقیاتی اسکیموں کو مکمل کیا جا رہا ہے اور عوام کو بنیادی سہولیات کی فراہمی یقینی بنائی جائے گی وزیر اعظم نے متعلقہ محکموں کو ہدایت کی کہ منصوبوں میں شفافیت اور معیار کو برقرار رکھا جائے تاکہ عوام کو بہتر خدمات فراہم کی جا سکیں NAVTTC مظفرآباد آزاد کشمیر حکومت کی جانب سے عوامی فلاح و بہبود کے منصوبوں پر کام جاری ہے جس کے تحت مختلف اضلاع میں ترقیاتی اسکیموں کو مکمل کیا جا رہا ہے اور عوام کو بنیادی سہولیات کی فراہمی یقینی بنائی جائے گی وزیر اعظم نے متعلقہ محکموں کو ہدایت کی کہ منصوبوں میں شفافیت اور معیار کو برقرار رکھا جائے تاکہ عوام کو بہتر خدمات فراہم کی جا سکیں مظفرآباد آزاد کشمیر حکومت کی جانب سے عوامی فلاح و بہبود کے منصوبوں پر کام جاری ہے جس کے تحت مختلف اضلاع میں ترقیاتی اسکیموں کو مکمل کیا جا رہا ہے اور عوام کو بنیادی سہولیات کی فراہمی یقینی بنائی جائے گی وزیر اعظم نے متعلقہ محکموں کو ہدایت کی کہ منصوبوں میں شفافیت اور معیار کو برقرار رکھا جائے تاکہ عوام کو بہتر خدمات فراہم کی جا سکیں مظفرآباد آزاد کشمیر حکومت کی جانب سے عوامی فلاح و بہبود کے منصوبوں پر کام جاری ہے جس کے تحت مختلف اضلاع میں ترقیاتی اسکیموں کو مکمل کیا جا رہا ہے اور عوام کو بنیادی سہولیات کی فراہمی یقینی بنائی جائے گی وزیر اعظم نے متعلقہ محکموں کو ہدایت کی کہ منصوبوں میں شفافیت اور معیار کو برقرار رکھا جائے تاکہ عوام کو بہتر
––– صداقت –––	11
مظفرآباد آزاد کشمیر حکومت کی جانب سے عوامی فلاح و بہبود کے منصوبوں پر کام جاری ہے جس کے تحت مختلف اضلاع میں ترقیاتی اسکیموں کو مکمل کیا جا رہا ہے اور عوام کو بنیادی سہولیات کی فراہمی یقینی بنائی جائے گی وزیر اعظم نے متعلقہ محکموں کو ہدایت کی کہ منصوبوں میں شفافیت اور معیار کو برقرار رکھا جائے تاکہ عوام کو بہتر خدمات فراہم کی جا سکیں مظفرآباد آزاد کشمیر حکومت کی جانب سے عوامی فلاح و بہبود کے منصوبوں پر کام جاری ہے جس کے تحت مختلف اضلاع میں ترقیاتی اسکیموں کو مکمل کیا جا رہا ہے اور عوام کو بنیادی سہولیات کی فراہمی یقینی بنائی جائے گی وزیر اعظم نے متعلقہ محکموں کو ہدایت کی کہ منصوبوں میں شفافیت اور معیار کو برقرار رکھا جائے تاکہ عوام کو بہتر خدمات فراہم کی جا سکیں مظفرآباد آزاد کشمیر حکومت کی جانب سے عوامی فلاح و بہبود کے منصوبوں پر کام جاری ہے جس کے تحت مختلف اضلاع میں ترقیاتی اسکیموں کو مکمل کیا جا رہا ہے اور عوام کو بنیادی سہولیات کی فراہمی یقینی بنائی جائے گی وزیر اعظم نے متعلقہ محکموں کو ہدایت کی کہ منصوبوں میں شفافیت اور معیار کو برقرار رکھا جائے تاکہ عوام کو بہتر خدمات فراہم کی جا سکیں Wing Digitization and مظفرآباد آزاد کشمیر حکومت کی جانب سے عوامی فلاح و بہبود کے منصوبوں پر کام جاری ہے جس کے تحت مختلف اضلاع میں ترقیاتی اسکیموں کو مکمل کیا جا رہا ہے اور عوام کو بنیادی سہولیات کی فراہمی یقینی بنائی جائے گی وزیر اعظم نے متعلقہ محکموں کو ہدایت کی کہ منصوبوں میں شفافیت اور معیار کو
––– صداقت –––	12
مظفرآباد آزاد کشمیر حکومت کی جانب سے عوامی فلاح و بہبود کے منصوبوں پر کام جاری ہے جس کے تحت مختلف اضلاع میں ترقیاتی اسکیموں کو مکمل کیا جا رہا ہے اور عوام کو بنیادی سہولیات کی فراہمی یقینی بنائی جائے گی وزیر اعظم نے متعلقہ محکموں کو ہدایت کی کہ منصوبوں میں شفافیت اور معیار کو برقرار رکھا جائے تاکہ عوام کو بہتر خدمات فراہم کی جا سکیں مظفرآباد آزاد کشمیر حکومت کی جانب سے عوامی فلاح و بہبود کے منصوبوں پر کام جاری ہے جس کے تحت مختلف اضلاع میں ترقیاتی اسکیموں کو مکمل کیا جا رہا ہے اور عوام کو بنیادی سہولیات کی فراہمی یقینی بنائی جائے گی وزیر اعظم نے متعلقہ محکموں کو ہدایت کی کہ منصوبوں میں شفافیت اور معیار کو برقرار رکھا جائے تاکہ عوام کو بہتر خدمات فراہم کی جا سکیں PAF مظفرآباد آزاد کشمیر حکومت کی جانب سے عوامی فلاح و بہبود کے منصوبوں پر کام جاری ہے جس کے تحت مختلف اضلاع میں ترقیاتی اسکیموں کو مکمل کیا جا رہا ہے اور عوام کو بنیادی سہولیات کی فراہمی یقینی بنائی جائے گی وزیر اعظم نے متعلقہ محکموں کو ہدایت کی کہ منصوبوں میں شفافیت اور معیار کو برقرار رکھا جائے تاکہ عوام کو بہتر خدمات فراہم کی جا سکیں مظفرآباد آزاد کشمیر حکومت کی جانب سے عوامی فلاح و بہبود کے منصوبوں پر کام جاری ہے جس کے تحت مختلف اضلاع میں ترقیاتی اسکیموں کو مکمل کیا جا رہا ہے اور عوام کو بنیادی سہولیات کی فراہمی یقینی بنائی جائے گی وزیر اعظم نے متعلقہ محکموں کو ہدایت کی کہ منصوبوں میں شفافیت اور معیار کو برقرار رکھا جائے تاکہ عوام کو بہتر
––– صداقت –––	13
مظفرآباد آزاد کشمیر حکومت کی جانب سے عوامی فلاح و بہبود کے منصوبوں پر کام جاری ہے جس کے تحت مختلف اضلاع میں ترقیاتی اسکیموں کو مکمل کیا جا رہا ہے اور عوام کو بنیادی سہولیات کی فراہمی یقینی بنائی جائے گی وزیر اعظم نے متعلقہ محکموں کو ہدایت کی کہ منصوبوں میں شفافیت اور معیار کو برقرار رکھا جائے تاکہ عوام کو بہتر خدمات فراہم کی جا سکیں Kort Housing Phase-Project for Widows in AJK مظفرآباد آزاد کشمیر حکومت کی جانب سے عوامی فلاح و بہبود کے منصوبوں پر کام جاری ہے جس کے تحت مختلف اضلاع میں ترقیاتی اسکیموں کو مکمل کیا جا رہا ہے اور عوام کو بنیادی سہولیات کی فراہمی یقینی بنائی جائے گی وزیر اعظم نے متعلقہ محکموں کو ہدایت کی کہ منصوبوں میں شفافیت اور معیار کو برقرار رکھا جائے تاکہ عوام کو بہتر خدمات فراہم کی جا سکیں مظفرآباد آزاد کشمیر حکومت کی جانب سے عوامی فلاح و بہبود کے منصوبوں پر کام جاری ہے جس کے تحت مختلف اضلاع میں ترقیاتی اسکیموں کو مکمل کیا جا رہا ہے اور عوام کو بنیادی سہولیات کی فراہمی یقینی بنائی جائے گی وزیر اعظم نے متعلقہ محکموں کو ہدایت کی کہ منصوبوں میں شفافیت اور معیار کو برقرار رکھا جائے تاکہ عوام کو بہتر خدمات فراہم کی جا سکیں مظفرآباد آزاد کشمیر حکومت کی جانب سے عوامی فلاح و بہبود کے منصوبوں پر کام جاری ہے جس کے تحت مختلف اضلاع میں ترقیاتی اسکیموں کو مکمل کیا جا رہا ہے اور عوام کو بنیادی سہولیات کی فراہمی یقینی بنائی جائے گی وزیر اعظم نے متعلقہ محکموں کو ہدایت کی کہ منصوبوں میں شفافیت
––– صداقت –––	1
مظفرآباد آزاد کشمیر حکومت کی جانب سے عوامی فلاح و بہبود کے منصوبوں پر کام جاری ہے جس کے تحت مختلف اضلاع میں ترقیاتی اسکیموں کو مکمل کیا جا رہا ہے اور عوام کو بنیادی سہولیات کی فراہمی یقینی بنائی جائے گی وزیر اعظم نے متعلقہ محکموں کو ہدایت کی کہ منصوبوں میں شفافیت اور معیار کو برقرار رکھا جائے تاکہ عوام کو بہتر خدمات فراہم کی جا سکیں ADB مظفرآباد آزاد کشمیر حکومت کی جانب سے عوامی فلاح و بہبود کے منصوبوں پر کام جاری ہے جس کے تحت مختلف اضلاع میں ترقیاتی اسکیموں کو مکمل کیا جا رہا ہے اور عوام کو بنیادی سہولیات کی فراہمی یقینی بنائی جائے گی وزیر اعظم نے متعلقہ محکموں کو ہدایت کی کہ منصوبوں میں شفافیت اور معیار کو برقرار رکھا جائے تاکہ عوام کو بہتر خدمات فراہم کی جا سکیں مظفرآباد آزاد کشمیر حکومت کی جانب سے عوامی فلاح و بہبود کے منصوبوں پر کام جاری ہے جس کے تحت مختلف اضلاع میں ترقیاتی اسکیموں کو مکمل کیا جا رہا ہے اور عوام کو بنیادی سہولیات کی فراہمی یقینی بنائی جائے گی وزیر اعظم نے متعلقہ محکموں کو ہدایت کی کہ منصوبوں میں شفافیت اور معیار کو برقرار رکھا جائے تاکہ عوام کو بہتر خدمات فراہم کی جا سکیں مظفرآباد آزاد کشمیر حکومت کی جانب سے عوامی فلاح و بہبود کے منصوبوں پر کام جاری ہے جس کے تحت مختلف اضلاع میں ترقیاتی اسکیموں کو مکمل کیا جا رہا ہے اور عوام کو بنیادی سہولیات کی فراہمی یقینی بنائی جائے گی وزیر اعظم نے متعلقہ محکموں کو ہدایت کی کہ منصوبوں میں شفافیت اور معیار کو برقرار رکھا جائے تاکہ عوام کو بہتر خدمات فراہم کی جا سکیں ISPDP مظفرآباد آزاد کشمیر حکومت کی جانب سے عوامی فلاح و بہبود کے منصوبوں پر کام جاری ہے جس کے تحت مختلف اضلاع میں ترقیاتی اسکیموں کو مکمل کیا جا رہا ہے اور عوام کو بنیادی سہولیات کی فراہمی یقینی
––– صداقت –––	2
مظفرآباد آزاد کشمیر حکومت کی جانب سے عوامی فلاح و بہبود کے منصوبوں پر کام جاری ہے جس کے تحت مختلف اضلاع میں ترقیاتی اسکیموں کو مکمل کیا جا رہا ہے اور عوام کو بنیادی سہولیات کی فراہمی یقینی بنائی جائے گی وزیر اعظم نے متعلقہ محکموں کو ہدایت کی کہ منصوبوں میں شفافیت اور معیار کو برقرار رکھا جائے تاکہ عوام کو بہتر خدمات فراہم کی جا سکیں مظفرآباد آزاد کشمیر حکومت کی جانب سے عوامی فلاح و بہبود کے منصوبوں پر کام جاری ہے جس کے تحت مختلف اضلاع میں ترقیاتی اسکیموں کو مکمل کیا جا رہا ہے اور عوام کو بنیادی سہولیات کی فراہمی یقینی بنائی جائے گی وزیر اعظم نے متعلقہ محکموں کو ہدایت کی کہ منصوبوں میں شفافیت اور معیار کو برقرار رکھا جائے تاکہ عوام کو بہتر خدمات فراہم کی جا سکیں مظفرآباد آزاد کشمیر حکومت کی جانب سے عوامی فلاح و بہبود کے منصوبوں پر کام جاری ہے جس کے تحت مختلف اضلاع میں ترقیاتی اسکیموں کو مکمل کیا جا رہا ہے اور عوام کو بنیادی سہولیات کی فراہمی یقینی بنائی جائے گی وزیر اعظم نے متعلقہ محکموں کو ہدایت کی کہ منصوبوں میں شفافیت اور معیار کو برقرار رکھا جائے تاکہ عوام کو بہتر خدمات فراہم کی جا سکیں SITTS مظفرآباد آزاد کشمیر حکومت کی جانب سے عوامی فلاح و بہبود کے منصوبوں پر کام جاری ہے جس کے تحت مختلف اضلاع میں ترقیاتی اسکیموں کو مکمل کیا جا رہا ہے اور عوام کو بنیادی سہولیات کی فراہمی یقینی بنائی جائے گی وزیر اعظم نے متعلقہ محکموں کو ہدایت کی کہ منصوبوں میں شفافیت اور معیار کو برقرار رکھا جائے تاکہ عوام کو بہتر خدمات فراہم کی جا سکیں مظفرآباد آزاد کشمیر حکومت کی جانب سے عوامی فلاح و بہبود کے منصوبوں پر کام جاری ہے جس کے تحت مختلف اضلاع میں ترقیاتی اسکیموں کو مکمل کیا جا رہا ہے اور عوام کو بنیادی سہولیات کی فراہمی یقینی
––– صداقت –––	3
مظفرآباد آزاد کشمیر حکومت کی جانب سے عوامی فلاح و بہبود کے منصوبوں پر کام جاری ہے جس کے تحت مختلف اضلاع میں ترقیاتی اسکیموں کو مکمل کیا جا رہا ہے اور عوام کو بنیادی سہولیات کی فراہمی یقینی بنائی جائے گی وزیر اعظم نے متعلقہ محکموں کو ہدایت کی کہ منصوبوں میں شفافیت اور معیار کو برقرار رکھا جائے تاکہ عوام کو بہتر خدمات فراہم کی جا سکیں مظفرآباد آزاد کشمیر حکومت کی جانب سے عوامی فلاح و بہبود کے منصوبوں پر کام جاری ہے جس کے تحت مختلف اضلاع میں ترقیاتی اسکیموں کو مکمل کیا جا رہا ہے اور عوام کو بنیادی سہولیات کی فراہمی یقینی بنائی جائے گی وزیر اعظم نے متعلقہ محکموں کو ہدایت کی کہ منصوبوں میں شفافیت اور معیار کو برقرار رکھا جائے تاکہ عوام کو بہتر خدمات فراہم کی جا سکیں TFCS Facilitation Centres مظفرآباد آزاد کشمیر حکومت کی جانب سے عوامی فلاح و بہبود کے منصوبوں پر کام جاری ہے جس کے تحت مختلف اضلاع میں ترقیاتی اسکیموں کو مکمل کیا جا رہا ہے اور عوام کو بنیادی سہولیات کی فراہمی یقینی بنائی جائے گی وزیر اعظم نے متعلقہ محکموں کو ہدایت کی کہ منصوبوں میں شفافیت اور معیار کو برقرار رکھا جائے تاکہ عوام کو بہتر خدمات فراہم کی جا سکیں مظفرآباد آزاد کشمیر حکومت کی جانب سے عوامی فلاح و بہبود کے منصوبوں پر کام جاری ہے جس کے تحت مختلف اضلاع میں ترقیاتی اسکیموں کو مکمل کیا جا رہا ہے اور عوام کو بنیادی سہولیات کی فراہمی یقینی بنائی جائے گی وزیر اعظم نے متعلقہ محکموں کو ہدایت کی کہ منصوبوں میں شفافیت اور معیار کو برقرار رکھا جائے تاکہ عوام کو بہتر خدمات فراہم کی جا سکیں مظفرآباد آزاد کشمیر حکومت کی جانب سے عوامی فلاح و بہبود کے منصوبوں پر کام جاری ہے جس کے تحت مختلف اضلاع میں ترقیاتی اسکیموں کو مکمل کیا جا رہا ہے اور عوام کو بنیادی
––– صداقت –––	4
مظفرآباد آزاد کشمیر حکومت کی جانب سے عوامی فلاح و بہبود کے منصوبوں پر کام جاری ہے جس کے تحت مختلف اضلاع میں ترقیاتی اسکیموں کو مکمل کیا جا رہا ہے اور عوام کو بنیادی سہولیات کی فراہمی یقینی بنائی جائے گی وزیر اعظم نے متعلقہ محکموں کو ہدایت کی کہ منصوبوں میں شفافیت اور معیار کو برقرار رکھا جائے تاکہ عوام کو بہتر خدمات فراہم کی جا سکیں PAF مظفرآباد آزاد کشمیر حکومت کی جانب سے عوامی فلاح و بہبود کے منصوبوں پر کام جاری ہے جس کے تحت مختلف اضلاع میں ترقیاتی اسکیموں کو مکمل کیا جا رہا ہے اور عوام کو بنیادی سہولیات کی فراہمی یقینی بنائی جائے گی وزیر اعظم نے متعلقہ محکموں کو ہدایت کی کہ منصوبوں میں شفافیت اور معیار کو برقرار رکھا جائے تاکہ عوام کو بہتر خدمات فراہم کی جا سکیں مظفرآباد آزاد کشمیر حکومت کی جانب سے عوامی فلاح و بہبود کے منصوبوں پر کام جاری ہے جس کے تحت مختلف اضلاع میں ترقیاتی اسکیموں کو مکمل کیا جا رہا ہے اور عوام کو بنیادی سہولیات کی فراہمی یقینی بنائی جائے گی وزیر اعظم نے متعلقہ محکموں کو ہدایت کی کہ منصوبوں میں شفافیت اور معیار کو برقرار رکھا جائے تاکہ عوام کو بہتر خدمات فراہم کی جا سکیں مظفرآباد آزاد کشمیر حکومت کی جانب سے عوامی فلاح و بہبود کے منصوبوں پر کام جاری ہے جس کے تحت مختلف اضلاع میں ترقیاتی اسکیموں کو مکمل کیا جا رہا ہے اور عوام کو بنیادی سہولیات کی فراہمی یقینی بنائی جائے گی وزیر اعظم نے متعلقہ محکموں کو ہدایت کی کہ منصوبوں میں شفافیت اور معیار کو برقرار رکھا جائے تاکہ عوام کو بہتر خدمات فراہم کی جا سکیں Airblue مظفرآباد آزاد کشمیر حکومت کی جانب سے عوامی فلاح و بہبود کے منصوبوں پر کام جاری ہے جس کے تحت مختلف اضلاع میں ترقیاتی اسکیموں کو مکمل کیا جا رہا ہے اور عوام کو بنیادی سہولیات کی فراہمی یقینی
––– صداقت –––	5
مظفرآباد آزاد کشمیر حکومت کی جانب سے عوامی فلاح و بہبود کے منصوبوں پر کام جاری ہے جس کے تحت مختلف اضلاع میں ترقیاتی اسکیموں کو مکمل کیا جا رہا ہے اور عوام کو بنیادی سہولیات کی فراہمی یقینی بنائی جائے گی وزیر اعظم نے متعلقہ محکموں کو ہدایت کی کہ منصوبوں میں شفافیت اور معیار کو برقرار رکھا جائے تاکہ عوام کو بہتر خدمات فراہم کی جا سکیں مظفرآباد آزاد کشمیر حکومت کی جانب سے عوامی فلاح و بہبود کے منصوبوں پر کام جاری ہے جس کے تحت مختلف اضلاع میں ترقیاتی اسکیموں کو مکمل کیا جا رہا ہے اور عوام کو بنیادی سہولیات کی فراہمی یقینی بنائی جائے گی وزیر اعظم نے متعلقہ محکموں کو ہدایت کی کہ منصوبوں میں شفافیت اور معیار کو برقرار رکھا جائے تاکہ عوام کو بہتر خدمات فراہم کی جا سکیں مظفرآباد آزاد کشمیر حکومت کی جانب سے عوامی فلاح و بہبود کے منصوبوں پر کام جاری ہے جس کے تحت مختلف اضلاع میں ترقیاتی اسکیموں کو مکمل کیا جا رہا ہے اور عوام کو بنیادی سہولیات کی فراہمی یقینی بنائی جائے گی وزیر اعظم نے متعلقہ محکموں کو ہدایت کی کہ منصوبوں میں شفافیت اور معیار کو برقرار رکھا جائے تاکہ عوام کو بہتر خدمات فراہم کی جا سکیں Kort Housing Phase-Project for Widows in AJK مظفرآباد آزاد کشمیر حکومت کی جانب سے عوامی فلاح و بہبود کے منصوبوں پر کام جاری ہے جس کے تحت مختلف اضلاع میں ترقیاتی اسکیموں کو مکمل کیا جا رہا ہے اور عوام کو بنیادی سہولیات کی فراہمی یقینی بنائی جائے گی وزیر اعظم نے متعلقہ محکموں کو ہدایت کی کہ منصوبوں میں شفافیت اور معیار کو برقرار رکھا جائے تاکہ عوام کو بہتر خدمات فراہم کی جا سکیں مظفرآباد آزاد کشمیر حکومت کی جانب سے عوامی فلاح و بہبود کے منصوبوں پر کام جاری ہے جس کے تحت مختلف اضلاع میں ترقیاتی اسکیموں کو مکمل کیا جا رہا ہے
––– صداقت –––	6
مظفرآباد آزاد کشمیر حکومت کی جانب سے عوامی فلاح و بہبود کے منصوبوں پر کام جاری ہے جس کے تحت مختلف اضلاع میں ترقیاتی اسکیموں کو مکمل کیا جا رہا ہے اور عوام کو بنیادی سہولیات کی فراہمی یقینی بنائی جائے گی وزیر اعظم نے متعلقہ محکموں کو ہدایت کی کہ منصوبوں میں شفافیت اور معیار کو برقرار رکھا جائے تاکہ عوام کو بہتر خدمات فراہم کی جا سکیں مظفرآباد آزاد کشمیر حکومت کی جانب سے عوامی فلاح و بہبود کے منصوبوں پر کام جاری ہے جس کے تحت مختلف اضلاع میں ترقیاتی اسکیموں کو مکمل کیا جا رہا ہے اور عوام کو بنیادی سہولیات کی فراہمی یقینی بنائی جائے گی وزیر اعظم نے متعلقہ محکموں کو ہدایت کی کہ منصوبوں میں شفافیت اور معیار کو برقرار رکھا جائے تاکہ عوام کو بہتر خدمات فراہم کی جا سکیں ADB مظفرآباد آزاد کشمیر حکومت کی جانب سے عوامی فلاح و بہبود کے منصوبوں پر کام جاری ہے جس کے تحت مختلف اضلاع میں ترقیاتی اسکیموں کو مکمل کیا جا رہا ہے اور عوام کو بنیادی سہولیات کی فراہمی یقینی بنائی جائے گی وزیر اعظم نے متعلقہ محکموں کو ہدایت کی کہ منصوبوں میں شفافیت اور معیار کو برقرار رکھا جائے تاکہ عوام کو بہتر خدمات فراہم کی جا سکیں مظفرآباد آزاد کشمیر حکومت کی جانب سے عوامی فلاح و بہبود کے منصوبوں پر کام جاری ہے جس کے تحت مختلف اضلاع میں ترقیاتی اسکیموں کو مکمل کیا جا رہا ہے اور عوام کو بنیادی سہولیات کی فراہمی یقینی بنائی جائے گی وزیر اعظم نے متعلقہ محکموں کو ہدایت کی کہ منصوبوں میں شفافیت اور معیار کو برقرار رکھا جائے تاکہ عوام کو بہتر خدمات فراہم کی جا سکیں مظفرآباد آزاد کشمیر حکومت کی جانب سے عوامی فلاح و بہبود کے منصوبوں پر کام جاری ہے جس کے تحت مختلف اضلاع میں ترقیاتی اسکیموں کو مکمل کیا جا رہا ہے اور عوام کو بنیادی سہولیات کی فراہمی یقینی
